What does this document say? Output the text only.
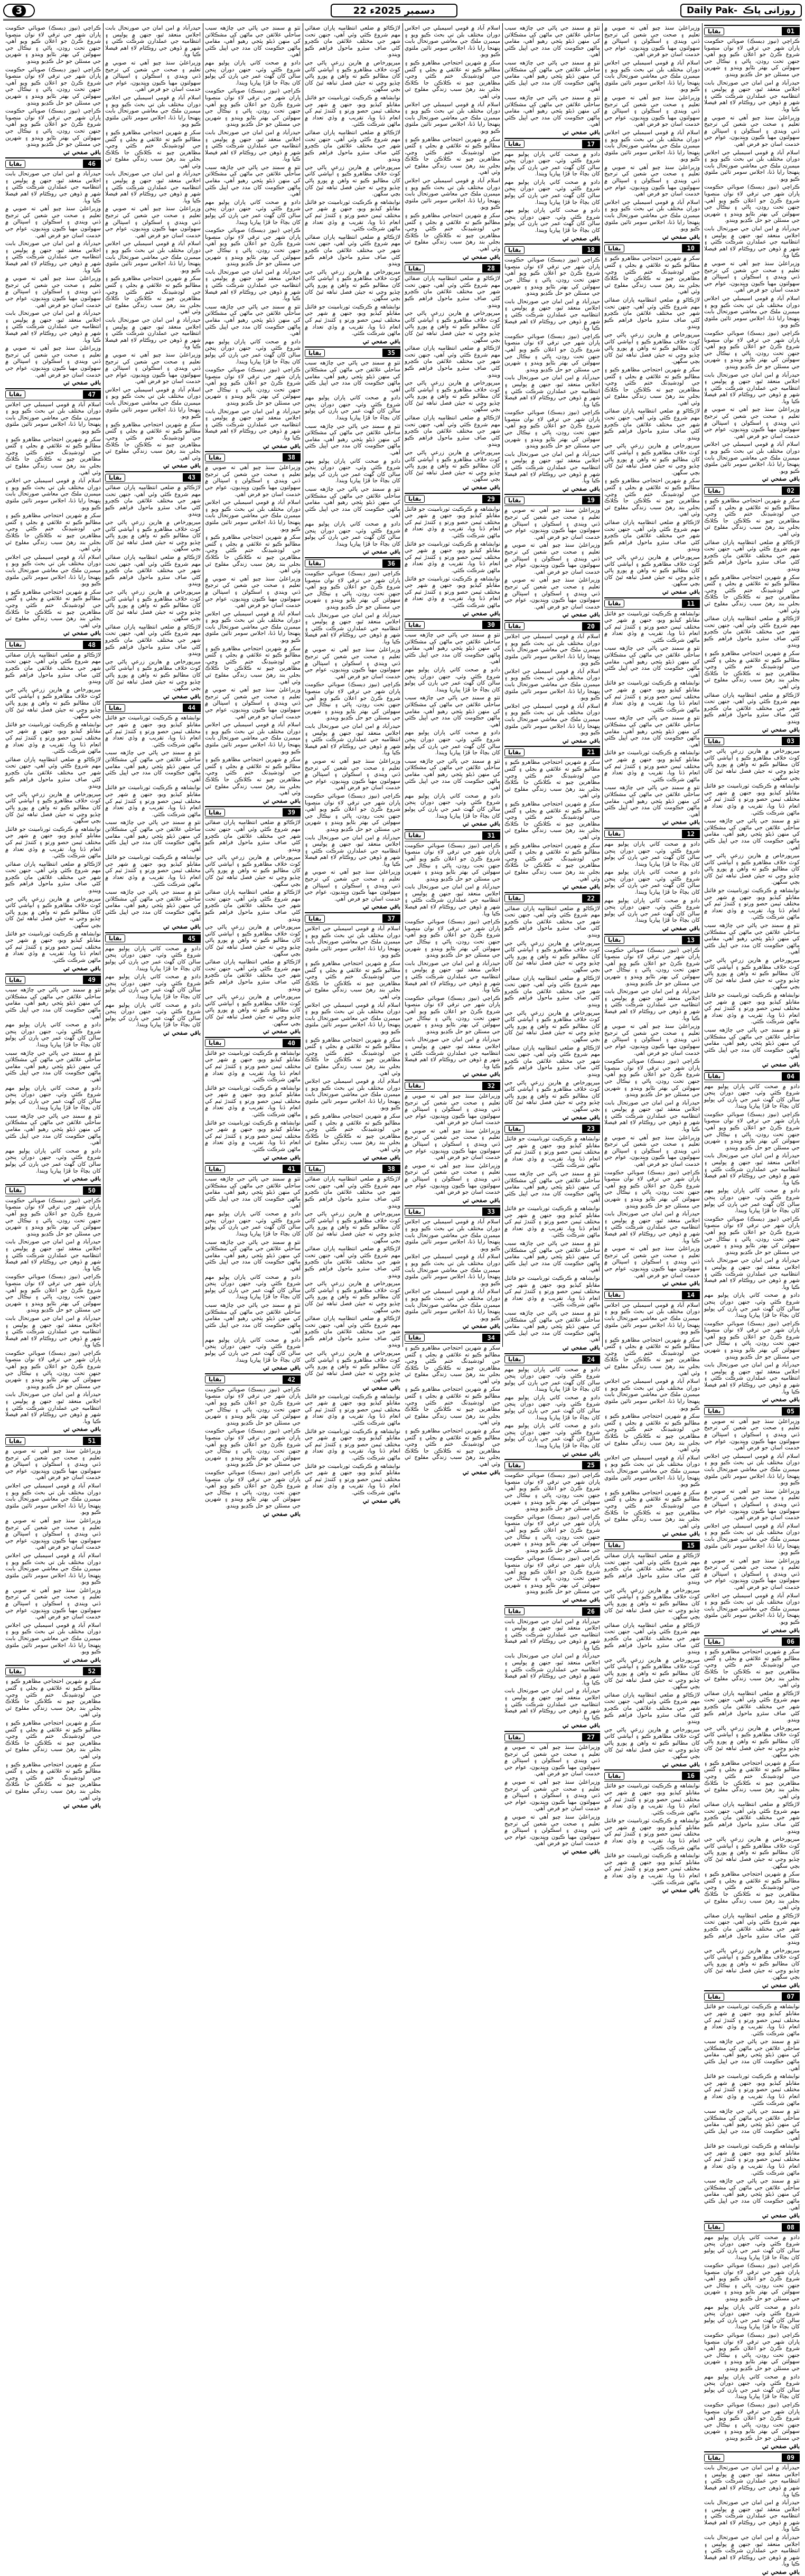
3	22 دسمبر 2025ء	Daily Pak- روزانی پاڪ
بقايا	01

ڪراچي (نيوز ڊيسڪ) صوبائي حڪومت پاران شهر جي ترقي لاءِ نوان منصوبا شروع ڪرڻ جو اعلان ڪيو ويو آهي، جنهن تحت روڊن، پاڻي ۽ نيڪال جي سهولتن کي بهتر بڻايو ويندو ۽ شهرين جي مسئلن جو حل ڪڍيو ويندو.

حيدرآباد ۾ امن امان جي صورتحال بابت اجلاس منعقد ٿيو، جنهن ۾ پوليس ۽ انتظاميه جي عملدارن شرڪت ڪئي ۽ شهر ۾ ڏوهن جي روڪٿام لاءِ اهم فيصلا ڪيا ويا.

وزيراعليٰ سنڌ چيو آهي ته صوبي ۾ تعليم ۽ صحت جي شعبن کي ترجيح ڏني ويندي ۽ اسڪولن ۽ اسپتالن ۾ سهولتون مهيا ڪيون وينديون، عوام جي خدمت اسان جو فرض آهي.

اسلام آباد ۾ قومي اسيمبلي جي اجلاس دوران مختلف بلن تي بحث ڪيو ويو ۽ ميمبرن ملڪ جي معاشي صورتحال بابت پنهنجا رايا ڏنا، اجلاس سومر تائين ملتوي ڪيو ويو.

ڪراچي (نيوز ڊيسڪ) صوبائي حڪومت پاران شهر جي ترقي لاءِ نوان منصوبا شروع ڪرڻ جو اعلان ڪيو ويو آهي، جنهن تحت روڊن، پاڻي ۽ نيڪال جي سهولتن کي بهتر بڻايو ويندو ۽ شهرين جي مسئلن جو حل ڪڍيو ويندو.

حيدرآباد ۾ امن امان جي صورتحال بابت اجلاس منعقد ٿيو، جنهن ۾ پوليس ۽ انتظاميه جي عملدارن شرڪت ڪئي ۽ شهر ۾ ڏوهن جي روڪٿام لاءِ اهم فيصلا ڪيا ويا.

وزيراعليٰ سنڌ چيو آهي ته صوبي ۾ تعليم ۽ صحت جي شعبن کي ترجيح ڏني ويندي ۽ اسڪولن ۽ اسپتالن ۾ سهولتون مهيا ڪيون وينديون، عوام جي خدمت اسان جو فرض آهي.

اسلام آباد ۾ قومي اسيمبلي جي اجلاس دوران مختلف بلن تي بحث ڪيو ويو ۽ ميمبرن ملڪ جي معاشي صورتحال بابت پنهنجا رايا ڏنا، اجلاس سومر تائين ملتوي ڪيو ويو.

ڪراچي (نيوز ڊيسڪ) صوبائي حڪومت پاران شهر جي ترقي لاءِ نوان منصوبا شروع ڪرڻ جو اعلان ڪيو ويو آهي، جنهن تحت روڊن، پاڻي ۽ نيڪال جي سهولتن کي بهتر بڻايو ويندو ۽ شهرين جي مسئلن جو حل ڪڍيو ويندو.

حيدرآباد ۾ امن امان جي صورتحال بابت اجلاس منعقد ٿيو، جنهن ۾ پوليس ۽ انتظاميه جي عملدارن شرڪت ڪئي ۽ شهر ۾ ڏوهن جي روڪٿام لاءِ اهم فيصلا ڪيا ويا.

وزيراعليٰ سنڌ چيو آهي ته صوبي ۾ تعليم ۽ صحت جي شعبن کي ترجيح ڏني ويندي ۽ اسڪولن ۽ اسپتالن ۾ سهولتون مهيا ڪيون وينديون، عوام جي خدمت اسان جو فرض آهي.

اسلام آباد ۾ قومي اسيمبلي جي اجلاس دوران مختلف بلن تي بحث ڪيو ويو ۽ ميمبرن ملڪ جي معاشي صورتحال بابت پنهنجا رايا ڏنا، اجلاس سومر تائين ملتوي ڪيو ويو.

باقي صفحي تي

بقايا	02

سکر ۾ شهرين احتجاجي مظاهرو ڪيو ۽ مطالبو ڪيو ته علائقي ۾ بجلي ۽ گئس جي لوڊشيڊنگ ختم ڪئي وڃي، مظاهرين چيو ته ڪلاڪن جا ڪلاڪ بجلي بند رهڻ سبب زندگي مفلوج ٿي وئي آهي.

لاڙڪاڻو ۾ ضلعي انتظاميه پاران صفائي مهم شروع ڪئي وئي آهي، جنهن تحت شهر جي مختلف علائقن مان ڪچرو کڻي صاف سٿرو ماحول فراهم ڪيو ويندو.

سکر ۾ شهرين احتجاجي مظاهرو ڪيو ۽ مطالبو ڪيو ته علائقي ۾ بجلي ۽ گئس جي لوڊشيڊنگ ختم ڪئي وڃي، مظاهرين چيو ته ڪلاڪن جا ڪلاڪ بجلي بند رهڻ سبب زندگي مفلوج ٿي وئي آهي.

لاڙڪاڻو ۾ ضلعي انتظاميه پاران صفائي مهم شروع ڪئي وئي آهي، جنهن تحت شهر جي مختلف علائقن مان ڪچرو کڻي صاف سٿرو ماحول فراهم ڪيو ويندو.

سکر ۾ شهرين احتجاجي مظاهرو ڪيو ۽ مطالبو ڪيو ته علائقي ۾ بجلي ۽ گئس جي لوڊشيڊنگ ختم ڪئي وڃي، مظاهرين چيو ته ڪلاڪن جا ڪلاڪ بجلي بند رهڻ سبب زندگي مفلوج ٿي وئي آهي.

لاڙڪاڻو ۾ ضلعي انتظاميه پاران صفائي مهم شروع ڪئي وئي آهي، جنهن تحت شهر جي مختلف علائقن مان ڪچرو کڻي صاف سٿرو ماحول فراهم ڪيو ويندو.

باقي صفحي تي

بقايا	03

ميرپورخاص ۾ هارين زرعي پاڻي جي کوٽ خلاف مظاهرو ڪيو ۽ آبپاشي کاتي کان مطالبو ڪيو ته واهن ۾ پورو پاڻي ڇڏيو وڃي ته جيئن فصل تباهه ٿيڻ کان بچي سگهن.

نوابشاهه ۾ ڪرڪيٽ ٽورنامينٽ جو فائنل مقابلو کيڏيو ويو، جنهن ۾ شهر جي مختلف ٽيمن حصو ورتو ۽ کٽندڙ ٽيم کي انعام ڏنا ويا، تقريب ۾ وڏي تعداد ۾ ماڻهن شرڪت ڪئي.

ٺٽو ۾ سمنڊ جي پاڻي جي چاڙهه سبب ساحلي علائقن جي ماڻهن کي مشڪلاتن کي منهن ڏيڻو پئجي رهيو آهي، مقامي ماڻهن حڪومت کان مدد جي اپيل ڪئي آهي.

ميرپورخاص ۾ هارين زرعي پاڻي جي کوٽ خلاف مظاهرو ڪيو ۽ آبپاشي کاتي کان مطالبو ڪيو ته واهن ۾ پورو پاڻي ڇڏيو وڃي ته جيئن فصل تباهه ٿيڻ کان بچي سگهن.

نوابشاهه ۾ ڪرڪيٽ ٽورنامينٽ جو فائنل مقابلو کيڏيو ويو، جنهن ۾ شهر جي مختلف ٽيمن حصو ورتو ۽ کٽندڙ ٽيم کي انعام ڏنا ويا، تقريب ۾ وڏي تعداد ۾ ماڻهن شرڪت ڪئي.

ٺٽو ۾ سمنڊ جي پاڻي جي چاڙهه سبب ساحلي علائقن جي ماڻهن کي مشڪلاتن کي منهن ڏيڻو پئجي رهيو آهي، مقامي ماڻهن حڪومت کان مدد جي اپيل ڪئي آهي.

ميرپورخاص ۾ هارين زرعي پاڻي جي کوٽ خلاف مظاهرو ڪيو ۽ آبپاشي کاتي کان مطالبو ڪيو ته واهن ۾ پورو پاڻي ڇڏيو وڃي ته جيئن فصل تباهه ٿيڻ کان بچي سگهن.

نوابشاهه ۾ ڪرڪيٽ ٽورنامينٽ جو فائنل مقابلو کيڏيو ويو، جنهن ۾ شهر جي مختلف ٽيمن حصو ورتو ۽ کٽندڙ ٽيم کي انعام ڏنا ويا، تقريب ۾ وڏي تعداد ۾ ماڻهن شرڪت ڪئي.

ٺٽو ۾ سمنڊ جي پاڻي جي چاڙهه سبب ساحلي علائقن جي ماڻهن کي مشڪلاتن کي منهن ڏيڻو پئجي رهيو آهي، مقامي ماڻهن حڪومت کان مدد جي اپيل ڪئي آهي.

باقي صفحي تي

بقايا	04

دادو ۾ صحت کاتي پاران پوليو مهم شروع ڪئي وئي، جنهن دوران پنجن سالن کان گهٽ عمر جي ٻارن کي پوليو کان بچاءُ جا ڦڙا پياريا ويندا.

ڪراچي (نيوز ڊيسڪ) صوبائي حڪومت پاران شهر جي ترقي لاءِ نوان منصوبا شروع ڪرڻ جو اعلان ڪيو ويو آهي، جنهن تحت روڊن، پاڻي ۽ نيڪال جي سهولتن کي بهتر بڻايو ويندو ۽ شهرين جي مسئلن جو حل ڪڍيو ويندو.

حيدرآباد ۾ امن امان جي صورتحال بابت اجلاس منعقد ٿيو، جنهن ۾ پوليس ۽ انتظاميه جي عملدارن شرڪت ڪئي ۽ شهر ۾ ڏوهن جي روڪٿام لاءِ اهم فيصلا ڪيا ويا.

دادو ۾ صحت کاتي پاران پوليو مهم شروع ڪئي وئي، جنهن دوران پنجن سالن کان گهٽ عمر جي ٻارن کي پوليو کان بچاءُ جا ڦڙا پياريا ويندا.

ڪراچي (نيوز ڊيسڪ) صوبائي حڪومت پاران شهر جي ترقي لاءِ نوان منصوبا شروع ڪرڻ جو اعلان ڪيو ويو آهي، جنهن تحت روڊن، پاڻي ۽ نيڪال جي سهولتن کي بهتر بڻايو ويندو ۽ شهرين جي مسئلن جو حل ڪڍيو ويندو.

حيدرآباد ۾ امن امان جي صورتحال بابت اجلاس منعقد ٿيو، جنهن ۾ پوليس ۽ انتظاميه جي عملدارن شرڪت ڪئي ۽ شهر ۾ ڏوهن جي روڪٿام لاءِ اهم فيصلا ڪيا ويا.

دادو ۾ صحت کاتي پاران پوليو مهم شروع ڪئي وئي، جنهن دوران پنجن سالن کان گهٽ عمر جي ٻارن کي پوليو کان بچاءُ جا ڦڙا پياريا ويندا.

ڪراچي (نيوز ڊيسڪ) صوبائي حڪومت پاران شهر جي ترقي لاءِ نوان منصوبا شروع ڪرڻ جو اعلان ڪيو ويو آهي، جنهن تحت روڊن، پاڻي ۽ نيڪال جي سهولتن کي بهتر بڻايو ويندو ۽ شهرين جي مسئلن جو حل ڪڍيو ويندو.

حيدرآباد ۾ امن امان جي صورتحال بابت اجلاس منعقد ٿيو، جنهن ۾ پوليس ۽ انتظاميه جي عملدارن شرڪت ڪئي ۽ شهر ۾ ڏوهن جي روڪٿام لاءِ اهم فيصلا ڪيا ويا.

باقي صفحي تي

بقايا	05

وزيراعليٰ سنڌ چيو آهي ته صوبي ۾ تعليم ۽ صحت جي شعبن کي ترجيح ڏني ويندي ۽ اسڪولن ۽ اسپتالن ۾ سهولتون مهيا ڪيون وينديون، عوام جي خدمت اسان جو فرض آهي.

اسلام آباد ۾ قومي اسيمبلي جي اجلاس دوران مختلف بلن تي بحث ڪيو ويو ۽ ميمبرن ملڪ جي معاشي صورتحال بابت پنهنجا رايا ڏنا، اجلاس سومر تائين ملتوي ڪيو ويو.

وزيراعليٰ سنڌ چيو آهي ته صوبي ۾ تعليم ۽ صحت جي شعبن کي ترجيح ڏني ويندي ۽ اسڪولن ۽ اسپتالن ۾ سهولتون مهيا ڪيون وينديون، عوام جي خدمت اسان جو فرض آهي.

اسلام آباد ۾ قومي اسيمبلي جي اجلاس دوران مختلف بلن تي بحث ڪيو ويو ۽ ميمبرن ملڪ جي معاشي صورتحال بابت پنهنجا رايا ڏنا، اجلاس سومر تائين ملتوي ڪيو ويو.

وزيراعليٰ سنڌ چيو آهي ته صوبي ۾ تعليم ۽ صحت جي شعبن کي ترجيح ڏني ويندي ۽ اسڪولن ۽ اسپتالن ۾ سهولتون مهيا ڪيون وينديون، عوام جي خدمت اسان جو فرض آهي.

اسلام آباد ۾ قومي اسيمبلي جي اجلاس دوران مختلف بلن تي بحث ڪيو ويو ۽ ميمبرن ملڪ جي معاشي صورتحال بابت پنهنجا رايا ڏنا، اجلاس سومر تائين ملتوي ڪيو ويو.

باقي صفحي تي

بقايا	06

سکر ۾ شهرين احتجاجي مظاهرو ڪيو ۽ مطالبو ڪيو ته علائقي ۾ بجلي ۽ گئس جي لوڊشيڊنگ ختم ڪئي وڃي، مظاهرين چيو ته ڪلاڪن جا ڪلاڪ بجلي بند رهڻ سبب زندگي مفلوج ٿي وئي آهي.

لاڙڪاڻو ۾ ضلعي انتظاميه پاران صفائي مهم شروع ڪئي وئي آهي، جنهن تحت شهر جي مختلف علائقن مان ڪچرو کڻي صاف سٿرو ماحول فراهم ڪيو ويندو.

ميرپورخاص ۾ هارين زرعي پاڻي جي کوٽ خلاف مظاهرو ڪيو ۽ آبپاشي کاتي کان مطالبو ڪيو ته واهن ۾ پورو پاڻي ڇڏيو وڃي ته جيئن فصل تباهه ٿيڻ کان بچي سگهن.

سکر ۾ شهرين احتجاجي مظاهرو ڪيو ۽ مطالبو ڪيو ته علائقي ۾ بجلي ۽ گئس جي لوڊشيڊنگ ختم ڪئي وڃي، مظاهرين چيو ته ڪلاڪن جا ڪلاڪ بجلي بند رهڻ سبب زندگي مفلوج ٿي وئي آهي.

لاڙڪاڻو ۾ ضلعي انتظاميه پاران صفائي مهم شروع ڪئي وئي آهي، جنهن تحت شهر جي مختلف علائقن مان ڪچرو کڻي صاف سٿرو ماحول فراهم ڪيو ويندو.

ميرپورخاص ۾ هارين زرعي پاڻي جي کوٽ خلاف مظاهرو ڪيو ۽ آبپاشي کاتي کان مطالبو ڪيو ته واهن ۾ پورو پاڻي ڇڏيو وڃي ته جيئن فصل تباهه ٿيڻ کان بچي سگهن.

سکر ۾ شهرين احتجاجي مظاهرو ڪيو ۽ مطالبو ڪيو ته علائقي ۾ بجلي ۽ گئس جي لوڊشيڊنگ ختم ڪئي وڃي، مظاهرين چيو ته ڪلاڪن جا ڪلاڪ بجلي بند رهڻ سبب زندگي مفلوج ٿي وئي آهي.

لاڙڪاڻو ۾ ضلعي انتظاميه پاران صفائي مهم شروع ڪئي وئي آهي، جنهن تحت شهر جي مختلف علائقن مان ڪچرو کڻي صاف سٿرو ماحول فراهم ڪيو ويندو.

ميرپورخاص ۾ هارين زرعي پاڻي جي کوٽ خلاف مظاهرو ڪيو ۽ آبپاشي کاتي کان مطالبو ڪيو ته واهن ۾ پورو پاڻي ڇڏيو وڃي ته جيئن فصل تباهه ٿيڻ کان بچي سگهن.

باقي صفحي تي

بقايا	07

نوابشاهه ۾ ڪرڪيٽ ٽورنامينٽ جو فائنل مقابلو کيڏيو ويو، جنهن ۾ شهر جي مختلف ٽيمن حصو ورتو ۽ کٽندڙ ٽيم کي انعام ڏنا ويا، تقريب ۾ وڏي تعداد ۾ ماڻهن شرڪت ڪئي.

ٺٽو ۾ سمنڊ جي پاڻي جي چاڙهه سبب ساحلي علائقن جي ماڻهن کي مشڪلاتن کي منهن ڏيڻو پئجي رهيو آهي، مقامي ماڻهن حڪومت کان مدد جي اپيل ڪئي آهي.

نوابشاهه ۾ ڪرڪيٽ ٽورنامينٽ جو فائنل مقابلو کيڏيو ويو، جنهن ۾ شهر جي مختلف ٽيمن حصو ورتو ۽ کٽندڙ ٽيم کي انعام ڏنا ويا، تقريب ۾ وڏي تعداد ۾ ماڻهن شرڪت ڪئي.

ٺٽو ۾ سمنڊ جي پاڻي جي چاڙهه سبب ساحلي علائقن جي ماڻهن کي مشڪلاتن کي منهن ڏيڻو پئجي رهيو آهي، مقامي ماڻهن حڪومت کان مدد جي اپيل ڪئي آهي.

نوابشاهه ۾ ڪرڪيٽ ٽورنامينٽ جو فائنل مقابلو کيڏيو ويو، جنهن ۾ شهر جي مختلف ٽيمن حصو ورتو ۽ کٽندڙ ٽيم کي انعام ڏنا ويا، تقريب ۾ وڏي تعداد ۾ ماڻهن شرڪت ڪئي.

ٺٽو ۾ سمنڊ جي پاڻي جي چاڙهه سبب ساحلي علائقن جي ماڻهن کي مشڪلاتن کي منهن ڏيڻو پئجي رهيو آهي، مقامي ماڻهن حڪومت کان مدد جي اپيل ڪئي آهي.

باقي صفحي تي

بقايا	08

دادو ۾ صحت کاتي پاران پوليو مهم شروع ڪئي وئي، جنهن دوران پنجن سالن کان گهٽ عمر جي ٻارن کي پوليو کان بچاءُ جا ڦڙا پياريا ويندا.

ڪراچي (نيوز ڊيسڪ) صوبائي حڪومت پاران شهر جي ترقي لاءِ نوان منصوبا شروع ڪرڻ جو اعلان ڪيو ويو آهي، جنهن تحت روڊن، پاڻي ۽ نيڪال جي سهولتن کي بهتر بڻايو ويندو ۽ شهرين جي مسئلن جو حل ڪڍيو ويندو.

دادو ۾ صحت کاتي پاران پوليو مهم شروع ڪئي وئي، جنهن دوران پنجن سالن کان گهٽ عمر جي ٻارن کي پوليو کان بچاءُ جا ڦڙا پياريا ويندا.

ڪراچي (نيوز ڊيسڪ) صوبائي حڪومت پاران شهر جي ترقي لاءِ نوان منصوبا شروع ڪرڻ جو اعلان ڪيو ويو آهي، جنهن تحت روڊن، پاڻي ۽ نيڪال جي سهولتن کي بهتر بڻايو ويندو ۽ شهرين جي مسئلن جو حل ڪڍيو ويندو.

دادو ۾ صحت کاتي پاران پوليو مهم شروع ڪئي وئي، جنهن دوران پنجن سالن کان گهٽ عمر جي ٻارن کي پوليو کان بچاءُ جا ڦڙا پياريا ويندا.

ڪراچي (نيوز ڊيسڪ) صوبائي حڪومت پاران شهر جي ترقي لاءِ نوان منصوبا شروع ڪرڻ جو اعلان ڪيو ويو آهي، جنهن تحت روڊن، پاڻي ۽ نيڪال جي سهولتن کي بهتر بڻايو ويندو ۽ شهرين جي مسئلن جو حل ڪڍيو ويندو.

باقي صفحي تي

بقايا	09

حيدرآباد ۾ امن امان جي صورتحال بابت اجلاس منعقد ٿيو، جنهن ۾ پوليس ۽ انتظاميه جي عملدارن شرڪت ڪئي ۽ شهر ۾ ڏوهن جي روڪٿام لاءِ اهم فيصلا ڪيا ويا.

حيدرآباد ۾ امن امان جي صورتحال بابت اجلاس منعقد ٿيو، جنهن ۾ پوليس ۽ انتظاميه جي عملدارن شرڪت ڪئي ۽ شهر ۾ ڏوهن جي روڪٿام لاءِ اهم فيصلا ڪيا ويا.

حيدرآباد ۾ امن امان جي صورتحال بابت اجلاس منعقد ٿيو، جنهن ۾ پوليس ۽ انتظاميه جي عملدارن شرڪت ڪئي ۽ شهر ۾ ڏوهن جي روڪٿام لاءِ اهم فيصلا ڪيا ويا.

باقي صفحي تي

وزيراعليٰ سنڌ چيو آهي ته صوبي ۾ تعليم ۽ صحت جي شعبن کي ترجيح ڏني ويندي ۽ اسڪولن ۽ اسپتالن ۾ سهولتون مهيا ڪيون وينديون، عوام جي خدمت اسان جو فرض آهي.

اسلام آباد ۾ قومي اسيمبلي جي اجلاس دوران مختلف بلن تي بحث ڪيو ويو ۽ ميمبرن ملڪ جي معاشي صورتحال بابت پنهنجا رايا ڏنا، اجلاس سومر تائين ملتوي ڪيو ويو.

وزيراعليٰ سنڌ چيو آهي ته صوبي ۾ تعليم ۽ صحت جي شعبن کي ترجيح ڏني ويندي ۽ اسڪولن ۽ اسپتالن ۾ سهولتون مهيا ڪيون وينديون، عوام جي خدمت اسان جو فرض آهي.

اسلام آباد ۾ قومي اسيمبلي جي اجلاس دوران مختلف بلن تي بحث ڪيو ويو ۽ ميمبرن ملڪ جي معاشي صورتحال بابت پنهنجا رايا ڏنا، اجلاس سومر تائين ملتوي ڪيو ويو.

وزيراعليٰ سنڌ چيو آهي ته صوبي ۾ تعليم ۽ صحت جي شعبن کي ترجيح ڏني ويندي ۽ اسڪولن ۽ اسپتالن ۾ سهولتون مهيا ڪيون وينديون، عوام جي خدمت اسان جو فرض آهي.

اسلام آباد ۾ قومي اسيمبلي جي اجلاس دوران مختلف بلن تي بحث ڪيو ويو ۽ ميمبرن ملڪ جي معاشي صورتحال بابت پنهنجا رايا ڏنا، اجلاس سومر تائين ملتوي ڪيو ويو.

باقي صفحي تي

بقايا	10

سکر ۾ شهرين احتجاجي مظاهرو ڪيو ۽ مطالبو ڪيو ته علائقي ۾ بجلي ۽ گئس جي لوڊشيڊنگ ختم ڪئي وڃي، مظاهرين چيو ته ڪلاڪن جا ڪلاڪ بجلي بند رهڻ سبب زندگي مفلوج ٿي وئي آهي.

لاڙڪاڻو ۾ ضلعي انتظاميه پاران صفائي مهم شروع ڪئي وئي آهي، جنهن تحت شهر جي مختلف علائقن مان ڪچرو کڻي صاف سٿرو ماحول فراهم ڪيو ويندو.

ميرپورخاص ۾ هارين زرعي پاڻي جي کوٽ خلاف مظاهرو ڪيو ۽ آبپاشي کاتي کان مطالبو ڪيو ته واهن ۾ پورو پاڻي ڇڏيو وڃي ته جيئن فصل تباهه ٿيڻ کان بچي سگهن.

سکر ۾ شهرين احتجاجي مظاهرو ڪيو ۽ مطالبو ڪيو ته علائقي ۾ بجلي ۽ گئس جي لوڊشيڊنگ ختم ڪئي وڃي، مظاهرين چيو ته ڪلاڪن جا ڪلاڪ بجلي بند رهڻ سبب زندگي مفلوج ٿي وئي آهي.

لاڙڪاڻو ۾ ضلعي انتظاميه پاران صفائي مهم شروع ڪئي وئي آهي، جنهن تحت شهر جي مختلف علائقن مان ڪچرو کڻي صاف سٿرو ماحول فراهم ڪيو ويندو.

ميرپورخاص ۾ هارين زرعي پاڻي جي کوٽ خلاف مظاهرو ڪيو ۽ آبپاشي کاتي کان مطالبو ڪيو ته واهن ۾ پورو پاڻي ڇڏيو وڃي ته جيئن فصل تباهه ٿيڻ کان بچي سگهن.

سکر ۾ شهرين احتجاجي مظاهرو ڪيو ۽ مطالبو ڪيو ته علائقي ۾ بجلي ۽ گئس جي لوڊشيڊنگ ختم ڪئي وڃي، مظاهرين چيو ته ڪلاڪن جا ڪلاڪ بجلي بند رهڻ سبب زندگي مفلوج ٿي وئي آهي.

لاڙڪاڻو ۾ ضلعي انتظاميه پاران صفائي مهم شروع ڪئي وئي آهي، جنهن تحت شهر جي مختلف علائقن مان ڪچرو کڻي صاف سٿرو ماحول فراهم ڪيو ويندو.

ميرپورخاص ۾ هارين زرعي پاڻي جي کوٽ خلاف مظاهرو ڪيو ۽ آبپاشي کاتي کان مطالبو ڪيو ته واهن ۾ پورو پاڻي ڇڏيو وڃي ته جيئن فصل تباهه ٿيڻ کان بچي سگهن.

باقي صفحي تي

بقايا	11

نوابشاهه ۾ ڪرڪيٽ ٽورنامينٽ جو فائنل مقابلو کيڏيو ويو، جنهن ۾ شهر جي مختلف ٽيمن حصو ورتو ۽ کٽندڙ ٽيم کي انعام ڏنا ويا، تقريب ۾ وڏي تعداد ۾ ماڻهن شرڪت ڪئي.

ٺٽو ۾ سمنڊ جي پاڻي جي چاڙهه سبب ساحلي علائقن جي ماڻهن کي مشڪلاتن کي منهن ڏيڻو پئجي رهيو آهي، مقامي ماڻهن حڪومت کان مدد جي اپيل ڪئي آهي.

نوابشاهه ۾ ڪرڪيٽ ٽورنامينٽ جو فائنل مقابلو کيڏيو ويو، جنهن ۾ شهر جي مختلف ٽيمن حصو ورتو ۽ کٽندڙ ٽيم کي انعام ڏنا ويا، تقريب ۾ وڏي تعداد ۾ ماڻهن شرڪت ڪئي.

ٺٽو ۾ سمنڊ جي پاڻي جي چاڙهه سبب ساحلي علائقن جي ماڻهن کي مشڪلاتن کي منهن ڏيڻو پئجي رهيو آهي، مقامي ماڻهن حڪومت کان مدد جي اپيل ڪئي آهي.

نوابشاهه ۾ ڪرڪيٽ ٽورنامينٽ جو فائنل مقابلو کيڏيو ويو، جنهن ۾ شهر جي مختلف ٽيمن حصو ورتو ۽ کٽندڙ ٽيم کي انعام ڏنا ويا، تقريب ۾ وڏي تعداد ۾ ماڻهن شرڪت ڪئي.

ٺٽو ۾ سمنڊ جي پاڻي جي چاڙهه سبب ساحلي علائقن جي ماڻهن کي مشڪلاتن کي منهن ڏيڻو پئجي رهيو آهي، مقامي ماڻهن حڪومت کان مدد جي اپيل ڪئي آهي.

باقي صفحي تي

بقايا	12

دادو ۾ صحت کاتي پاران پوليو مهم شروع ڪئي وئي، جنهن دوران پنجن سالن کان گهٽ عمر جي ٻارن کي پوليو کان بچاءُ جا ڦڙا پياريا ويندا.

دادو ۾ صحت کاتي پاران پوليو مهم شروع ڪئي وئي، جنهن دوران پنجن سالن کان گهٽ عمر جي ٻارن کي پوليو کان بچاءُ جا ڦڙا پياريا ويندا.

دادو ۾ صحت کاتي پاران پوليو مهم شروع ڪئي وئي، جنهن دوران پنجن سالن کان گهٽ عمر جي ٻارن کي پوليو کان بچاءُ جا ڦڙا پياريا ويندا.

باقي صفحي تي

بقايا	13

ڪراچي (نيوز ڊيسڪ) صوبائي حڪومت پاران شهر جي ترقي لاءِ نوان منصوبا شروع ڪرڻ جو اعلان ڪيو ويو آهي، جنهن تحت روڊن، پاڻي ۽ نيڪال جي سهولتن کي بهتر بڻايو ويندو ۽ شهرين جي مسئلن جو حل ڪڍيو ويندو.

حيدرآباد ۾ امن امان جي صورتحال بابت اجلاس منعقد ٿيو، جنهن ۾ پوليس ۽ انتظاميه جي عملدارن شرڪت ڪئي ۽ شهر ۾ ڏوهن جي روڪٿام لاءِ اهم فيصلا ڪيا ويا.

وزيراعليٰ سنڌ چيو آهي ته صوبي ۾ تعليم ۽ صحت جي شعبن کي ترجيح ڏني ويندي ۽ اسڪولن ۽ اسپتالن ۾ سهولتون مهيا ڪيون وينديون، عوام جي خدمت اسان جو فرض آهي.

ڪراچي (نيوز ڊيسڪ) صوبائي حڪومت پاران شهر جي ترقي لاءِ نوان منصوبا شروع ڪرڻ جو اعلان ڪيو ويو آهي، جنهن تحت روڊن، پاڻي ۽ نيڪال جي سهولتن کي بهتر بڻايو ويندو ۽ شهرين جي مسئلن جو حل ڪڍيو ويندو.

حيدرآباد ۾ امن امان جي صورتحال بابت اجلاس منعقد ٿيو، جنهن ۾ پوليس ۽ انتظاميه جي عملدارن شرڪت ڪئي ۽ شهر ۾ ڏوهن جي روڪٿام لاءِ اهم فيصلا ڪيا ويا.

وزيراعليٰ سنڌ چيو آهي ته صوبي ۾ تعليم ۽ صحت جي شعبن کي ترجيح ڏني ويندي ۽ اسڪولن ۽ اسپتالن ۾ سهولتون مهيا ڪيون وينديون، عوام جي خدمت اسان جو فرض آهي.

ڪراچي (نيوز ڊيسڪ) صوبائي حڪومت پاران شهر جي ترقي لاءِ نوان منصوبا شروع ڪرڻ جو اعلان ڪيو ويو آهي، جنهن تحت روڊن، پاڻي ۽ نيڪال جي سهولتن کي بهتر بڻايو ويندو ۽ شهرين جي مسئلن جو حل ڪڍيو ويندو.

حيدرآباد ۾ امن امان جي صورتحال بابت اجلاس منعقد ٿيو، جنهن ۾ پوليس ۽ انتظاميه جي عملدارن شرڪت ڪئي ۽ شهر ۾ ڏوهن جي روڪٿام لاءِ اهم فيصلا ڪيا ويا.

وزيراعليٰ سنڌ چيو آهي ته صوبي ۾ تعليم ۽ صحت جي شعبن کي ترجيح ڏني ويندي ۽ اسڪولن ۽ اسپتالن ۾ سهولتون مهيا ڪيون وينديون، عوام جي خدمت اسان جو فرض آهي.

باقي صفحي تي

بقايا	14

اسلام آباد ۾ قومي اسيمبلي جي اجلاس دوران مختلف بلن تي بحث ڪيو ويو ۽ ميمبرن ملڪ جي معاشي صورتحال بابت پنهنجا رايا ڏنا، اجلاس سومر تائين ملتوي ڪيو ويو.

سکر ۾ شهرين احتجاجي مظاهرو ڪيو ۽ مطالبو ڪيو ته علائقي ۾ بجلي ۽ گئس جي لوڊشيڊنگ ختم ڪئي وڃي، مظاهرين چيو ته ڪلاڪن جا ڪلاڪ بجلي بند رهڻ سبب زندگي مفلوج ٿي وئي آهي.

اسلام آباد ۾ قومي اسيمبلي جي اجلاس دوران مختلف بلن تي بحث ڪيو ويو ۽ ميمبرن ملڪ جي معاشي صورتحال بابت پنهنجا رايا ڏنا، اجلاس سومر تائين ملتوي ڪيو ويو.

سکر ۾ شهرين احتجاجي مظاهرو ڪيو ۽ مطالبو ڪيو ته علائقي ۾ بجلي ۽ گئس جي لوڊشيڊنگ ختم ڪئي وڃي، مظاهرين چيو ته ڪلاڪن جا ڪلاڪ بجلي بند رهڻ سبب زندگي مفلوج ٿي وئي آهي.

اسلام آباد ۾ قومي اسيمبلي جي اجلاس دوران مختلف بلن تي بحث ڪيو ويو ۽ ميمبرن ملڪ جي معاشي صورتحال بابت پنهنجا رايا ڏنا، اجلاس سومر تائين ملتوي ڪيو ويو.

سکر ۾ شهرين احتجاجي مظاهرو ڪيو ۽ مطالبو ڪيو ته علائقي ۾ بجلي ۽ گئس جي لوڊشيڊنگ ختم ڪئي وڃي، مظاهرين چيو ته ڪلاڪن جا ڪلاڪ بجلي بند رهڻ سبب زندگي مفلوج ٿي وئي آهي.

باقي صفحي تي

بقايا	15

لاڙڪاڻو ۾ ضلعي انتظاميه پاران صفائي مهم شروع ڪئي وئي آهي، جنهن تحت شهر جي مختلف علائقن مان ڪچرو کڻي صاف سٿرو ماحول فراهم ڪيو ويندو.

ميرپورخاص ۾ هارين زرعي پاڻي جي کوٽ خلاف مظاهرو ڪيو ۽ آبپاشي کاتي کان مطالبو ڪيو ته واهن ۾ پورو پاڻي ڇڏيو وڃي ته جيئن فصل تباهه ٿيڻ کان بچي سگهن.

لاڙڪاڻو ۾ ضلعي انتظاميه پاران صفائي مهم شروع ڪئي وئي آهي، جنهن تحت شهر جي مختلف علائقن مان ڪچرو کڻي صاف سٿرو ماحول فراهم ڪيو ويندو.

ميرپورخاص ۾ هارين زرعي پاڻي جي کوٽ خلاف مظاهرو ڪيو ۽ آبپاشي کاتي کان مطالبو ڪيو ته واهن ۾ پورو پاڻي ڇڏيو وڃي ته جيئن فصل تباهه ٿيڻ کان بچي سگهن.

لاڙڪاڻو ۾ ضلعي انتظاميه پاران صفائي مهم شروع ڪئي وئي آهي، جنهن تحت شهر جي مختلف علائقن مان ڪچرو کڻي صاف سٿرو ماحول فراهم ڪيو ويندو.

ميرپورخاص ۾ هارين زرعي پاڻي جي کوٽ خلاف مظاهرو ڪيو ۽ آبپاشي کاتي کان مطالبو ڪيو ته واهن ۾ پورو پاڻي ڇڏيو وڃي ته جيئن فصل تباهه ٿيڻ کان بچي سگهن.

باقي صفحي تي

بقايا	16

نوابشاهه ۾ ڪرڪيٽ ٽورنامينٽ جو فائنل مقابلو کيڏيو ويو، جنهن ۾ شهر جي مختلف ٽيمن حصو ورتو ۽ کٽندڙ ٽيم کي انعام ڏنا ويا، تقريب ۾ وڏي تعداد ۾ ماڻهن شرڪت ڪئي.

نوابشاهه ۾ ڪرڪيٽ ٽورنامينٽ جو فائنل مقابلو کيڏيو ويو، جنهن ۾ شهر جي مختلف ٽيمن حصو ورتو ۽ کٽندڙ ٽيم کي انعام ڏنا ويا، تقريب ۾ وڏي تعداد ۾ ماڻهن شرڪت ڪئي.

نوابشاهه ۾ ڪرڪيٽ ٽورنامينٽ جو فائنل مقابلو کيڏيو ويو، جنهن ۾ شهر جي مختلف ٽيمن حصو ورتو ۽ کٽندڙ ٽيم کي انعام ڏنا ويا، تقريب ۾ وڏي تعداد ۾ ماڻهن شرڪت ڪئي.

باقي صفحي تي

ٺٽو ۾ سمنڊ جي پاڻي جي چاڙهه سبب ساحلي علائقن جي ماڻهن کي مشڪلاتن کي منهن ڏيڻو پئجي رهيو آهي، مقامي ماڻهن حڪومت کان مدد جي اپيل ڪئي آهي.

ٺٽو ۾ سمنڊ جي پاڻي جي چاڙهه سبب ساحلي علائقن جي ماڻهن کي مشڪلاتن کي منهن ڏيڻو پئجي رهيو آهي، مقامي ماڻهن حڪومت کان مدد جي اپيل ڪئي آهي.

ٺٽو ۾ سمنڊ جي پاڻي جي چاڙهه سبب ساحلي علائقن جي ماڻهن کي مشڪلاتن کي منهن ڏيڻو پئجي رهيو آهي، مقامي ماڻهن حڪومت کان مدد جي اپيل ڪئي آهي.

باقي صفحي تي

بقايا	17

دادو ۾ صحت کاتي پاران پوليو مهم شروع ڪئي وئي، جنهن دوران پنجن سالن کان گهٽ عمر جي ٻارن کي پوليو کان بچاءُ جا ڦڙا پياريا ويندا.

دادو ۾ صحت کاتي پاران پوليو مهم شروع ڪئي وئي، جنهن دوران پنجن سالن کان گهٽ عمر جي ٻارن کي پوليو کان بچاءُ جا ڦڙا پياريا ويندا.

دادو ۾ صحت کاتي پاران پوليو مهم شروع ڪئي وئي، جنهن دوران پنجن سالن کان گهٽ عمر جي ٻارن کي پوليو کان بچاءُ جا ڦڙا پياريا ويندا.

باقي صفحي تي

بقايا	18

ڪراچي (نيوز ڊيسڪ) صوبائي حڪومت پاران شهر جي ترقي لاءِ نوان منصوبا شروع ڪرڻ جو اعلان ڪيو ويو آهي، جنهن تحت روڊن، پاڻي ۽ نيڪال جي سهولتن کي بهتر بڻايو ويندو ۽ شهرين جي مسئلن جو حل ڪڍيو ويندو.

حيدرآباد ۾ امن امان جي صورتحال بابت اجلاس منعقد ٿيو، جنهن ۾ پوليس ۽ انتظاميه جي عملدارن شرڪت ڪئي ۽ شهر ۾ ڏوهن جي روڪٿام لاءِ اهم فيصلا ڪيا ويا.

ڪراچي (نيوز ڊيسڪ) صوبائي حڪومت پاران شهر جي ترقي لاءِ نوان منصوبا شروع ڪرڻ جو اعلان ڪيو ويو آهي، جنهن تحت روڊن، پاڻي ۽ نيڪال جي سهولتن کي بهتر بڻايو ويندو ۽ شهرين جي مسئلن جو حل ڪڍيو ويندو.

حيدرآباد ۾ امن امان جي صورتحال بابت اجلاس منعقد ٿيو، جنهن ۾ پوليس ۽ انتظاميه جي عملدارن شرڪت ڪئي ۽ شهر ۾ ڏوهن جي روڪٿام لاءِ اهم فيصلا ڪيا ويا.

ڪراچي (نيوز ڊيسڪ) صوبائي حڪومت پاران شهر جي ترقي لاءِ نوان منصوبا شروع ڪرڻ جو اعلان ڪيو ويو آهي، جنهن تحت روڊن، پاڻي ۽ نيڪال جي سهولتن کي بهتر بڻايو ويندو ۽ شهرين جي مسئلن جو حل ڪڍيو ويندو.

حيدرآباد ۾ امن امان جي صورتحال بابت اجلاس منعقد ٿيو، جنهن ۾ پوليس ۽ انتظاميه جي عملدارن شرڪت ڪئي ۽ شهر ۾ ڏوهن جي روڪٿام لاءِ اهم فيصلا ڪيا ويا.

باقي صفحي تي

بقايا	19

وزيراعليٰ سنڌ چيو آهي ته صوبي ۾ تعليم ۽ صحت جي شعبن کي ترجيح ڏني ويندي ۽ اسڪولن ۽ اسپتالن ۾ سهولتون مهيا ڪيون وينديون، عوام جي خدمت اسان جو فرض آهي.

وزيراعليٰ سنڌ چيو آهي ته صوبي ۾ تعليم ۽ صحت جي شعبن کي ترجيح ڏني ويندي ۽ اسڪولن ۽ اسپتالن ۾ سهولتون مهيا ڪيون وينديون، عوام جي خدمت اسان جو فرض آهي.

وزيراعليٰ سنڌ چيو آهي ته صوبي ۾ تعليم ۽ صحت جي شعبن کي ترجيح ڏني ويندي ۽ اسڪولن ۽ اسپتالن ۾ سهولتون مهيا ڪيون وينديون، عوام جي خدمت اسان جو فرض آهي.

باقي صفحي تي

بقايا	20

اسلام آباد ۾ قومي اسيمبلي جي اجلاس دوران مختلف بلن تي بحث ڪيو ويو ۽ ميمبرن ملڪ جي معاشي صورتحال بابت پنهنجا رايا ڏنا، اجلاس سومر تائين ملتوي ڪيو ويو.

اسلام آباد ۾ قومي اسيمبلي جي اجلاس دوران مختلف بلن تي بحث ڪيو ويو ۽ ميمبرن ملڪ جي معاشي صورتحال بابت پنهنجا رايا ڏنا، اجلاس سومر تائين ملتوي ڪيو ويو.

اسلام آباد ۾ قومي اسيمبلي جي اجلاس دوران مختلف بلن تي بحث ڪيو ويو ۽ ميمبرن ملڪ جي معاشي صورتحال بابت پنهنجا رايا ڏنا، اجلاس سومر تائين ملتوي ڪيو ويو.

باقي صفحي تي

بقايا	21

سکر ۾ شهرين احتجاجي مظاهرو ڪيو ۽ مطالبو ڪيو ته علائقي ۾ بجلي ۽ گئس جي لوڊشيڊنگ ختم ڪئي وڃي، مظاهرين چيو ته ڪلاڪن جا ڪلاڪ بجلي بند رهڻ سبب زندگي مفلوج ٿي وئي آهي.

سکر ۾ شهرين احتجاجي مظاهرو ڪيو ۽ مطالبو ڪيو ته علائقي ۾ بجلي ۽ گئس جي لوڊشيڊنگ ختم ڪئي وڃي، مظاهرين چيو ته ڪلاڪن جا ڪلاڪ بجلي بند رهڻ سبب زندگي مفلوج ٿي وئي آهي.

سکر ۾ شهرين احتجاجي مظاهرو ڪيو ۽ مطالبو ڪيو ته علائقي ۾ بجلي ۽ گئس جي لوڊشيڊنگ ختم ڪئي وڃي، مظاهرين چيو ته ڪلاڪن جا ڪلاڪ بجلي بند رهڻ سبب زندگي مفلوج ٿي وئي آهي.

باقي صفحي تي

بقايا	22

لاڙڪاڻو ۾ ضلعي انتظاميه پاران صفائي مهم شروع ڪئي وئي آهي، جنهن تحت شهر جي مختلف علائقن مان ڪچرو کڻي صاف سٿرو ماحول فراهم ڪيو ويندو.

ميرپورخاص ۾ هارين زرعي پاڻي جي کوٽ خلاف مظاهرو ڪيو ۽ آبپاشي کاتي کان مطالبو ڪيو ته واهن ۾ پورو پاڻي ڇڏيو وڃي ته جيئن فصل تباهه ٿيڻ کان بچي سگهن.

لاڙڪاڻو ۾ ضلعي انتظاميه پاران صفائي مهم شروع ڪئي وئي آهي، جنهن تحت شهر جي مختلف علائقن مان ڪچرو کڻي صاف سٿرو ماحول فراهم ڪيو ويندو.

ميرپورخاص ۾ هارين زرعي پاڻي جي کوٽ خلاف مظاهرو ڪيو ۽ آبپاشي کاتي کان مطالبو ڪيو ته واهن ۾ پورو پاڻي ڇڏيو وڃي ته جيئن فصل تباهه ٿيڻ کان بچي سگهن.

لاڙڪاڻو ۾ ضلعي انتظاميه پاران صفائي مهم شروع ڪئي وئي آهي، جنهن تحت شهر جي مختلف علائقن مان ڪچرو کڻي صاف سٿرو ماحول فراهم ڪيو ويندو.

ميرپورخاص ۾ هارين زرعي پاڻي جي کوٽ خلاف مظاهرو ڪيو ۽ آبپاشي کاتي کان مطالبو ڪيو ته واهن ۾ پورو پاڻي ڇڏيو وڃي ته جيئن فصل تباهه ٿيڻ کان بچي سگهن.

باقي صفحي تي

بقايا	23

نوابشاهه ۾ ڪرڪيٽ ٽورنامينٽ جو فائنل مقابلو کيڏيو ويو، جنهن ۾ شهر جي مختلف ٽيمن حصو ورتو ۽ کٽندڙ ٽيم کي انعام ڏنا ويا، تقريب ۾ وڏي تعداد ۾ ماڻهن شرڪت ڪئي.

ٺٽو ۾ سمنڊ جي پاڻي جي چاڙهه سبب ساحلي علائقن جي ماڻهن کي مشڪلاتن کي منهن ڏيڻو پئجي رهيو آهي، مقامي ماڻهن حڪومت کان مدد جي اپيل ڪئي آهي.

نوابشاهه ۾ ڪرڪيٽ ٽورنامينٽ جو فائنل مقابلو کيڏيو ويو، جنهن ۾ شهر جي مختلف ٽيمن حصو ورتو ۽ کٽندڙ ٽيم کي انعام ڏنا ويا، تقريب ۾ وڏي تعداد ۾ ماڻهن شرڪت ڪئي.

ٺٽو ۾ سمنڊ جي پاڻي جي چاڙهه سبب ساحلي علائقن جي ماڻهن کي مشڪلاتن کي منهن ڏيڻو پئجي رهيو آهي، مقامي ماڻهن حڪومت کان مدد جي اپيل ڪئي آهي.

نوابشاهه ۾ ڪرڪيٽ ٽورنامينٽ جو فائنل مقابلو کيڏيو ويو، جنهن ۾ شهر جي مختلف ٽيمن حصو ورتو ۽ کٽندڙ ٽيم کي انعام ڏنا ويا، تقريب ۾ وڏي تعداد ۾ ماڻهن شرڪت ڪئي.

ٺٽو ۾ سمنڊ جي پاڻي جي چاڙهه سبب ساحلي علائقن جي ماڻهن کي مشڪلاتن کي منهن ڏيڻو پئجي رهيو آهي، مقامي ماڻهن حڪومت کان مدد جي اپيل ڪئي آهي.

باقي صفحي تي

بقايا	24

دادو ۾ صحت کاتي پاران پوليو مهم شروع ڪئي وئي، جنهن دوران پنجن سالن کان گهٽ عمر جي ٻارن کي پوليو کان بچاءُ جا ڦڙا پياريا ويندا.

دادو ۾ صحت کاتي پاران پوليو مهم شروع ڪئي وئي، جنهن دوران پنجن سالن کان گهٽ عمر جي ٻارن کي پوليو کان بچاءُ جا ڦڙا پياريا ويندا.

دادو ۾ صحت کاتي پاران پوليو مهم شروع ڪئي وئي، جنهن دوران پنجن سالن کان گهٽ عمر جي ٻارن کي پوليو کان بچاءُ جا ڦڙا پياريا ويندا.

باقي صفحي تي

بقايا	25

ڪراچي (نيوز ڊيسڪ) صوبائي حڪومت پاران شهر جي ترقي لاءِ نوان منصوبا شروع ڪرڻ جو اعلان ڪيو ويو آهي، جنهن تحت روڊن، پاڻي ۽ نيڪال جي سهولتن کي بهتر بڻايو ويندو ۽ شهرين جي مسئلن جو حل ڪڍيو ويندو.

ڪراچي (نيوز ڊيسڪ) صوبائي حڪومت پاران شهر جي ترقي لاءِ نوان منصوبا شروع ڪرڻ جو اعلان ڪيو ويو آهي، جنهن تحت روڊن، پاڻي ۽ نيڪال جي سهولتن کي بهتر بڻايو ويندو ۽ شهرين جي مسئلن جو حل ڪڍيو ويندو.

ڪراچي (نيوز ڊيسڪ) صوبائي حڪومت پاران شهر جي ترقي لاءِ نوان منصوبا شروع ڪرڻ جو اعلان ڪيو ويو آهي، جنهن تحت روڊن، پاڻي ۽ نيڪال جي سهولتن کي بهتر بڻايو ويندو ۽ شهرين جي مسئلن جو حل ڪڍيو ويندو.

باقي صفحي تي

بقايا	26

حيدرآباد ۾ امن امان جي صورتحال بابت اجلاس منعقد ٿيو، جنهن ۾ پوليس ۽ انتظاميه جي عملدارن شرڪت ڪئي ۽ شهر ۾ ڏوهن جي روڪٿام لاءِ اهم فيصلا ڪيا ويا.

حيدرآباد ۾ امن امان جي صورتحال بابت اجلاس منعقد ٿيو، جنهن ۾ پوليس ۽ انتظاميه جي عملدارن شرڪت ڪئي ۽ شهر ۾ ڏوهن جي روڪٿام لاءِ اهم فيصلا ڪيا ويا.

حيدرآباد ۾ امن امان جي صورتحال بابت اجلاس منعقد ٿيو، جنهن ۾ پوليس ۽ انتظاميه جي عملدارن شرڪت ڪئي ۽ شهر ۾ ڏوهن جي روڪٿام لاءِ اهم فيصلا ڪيا ويا.

باقي صفحي تي

بقايا	27

وزيراعليٰ سنڌ چيو آهي ته صوبي ۾ تعليم ۽ صحت جي شعبن کي ترجيح ڏني ويندي ۽ اسڪولن ۽ اسپتالن ۾ سهولتون مهيا ڪيون وينديون، عوام جي خدمت اسان جو فرض آهي.

وزيراعليٰ سنڌ چيو آهي ته صوبي ۾ تعليم ۽ صحت جي شعبن کي ترجيح ڏني ويندي ۽ اسڪولن ۽ اسپتالن ۾ سهولتون مهيا ڪيون وينديون، عوام جي خدمت اسان جو فرض آهي.

وزيراعليٰ سنڌ چيو آهي ته صوبي ۾ تعليم ۽ صحت جي شعبن کي ترجيح ڏني ويندي ۽ اسڪولن ۽ اسپتالن ۾ سهولتون مهيا ڪيون وينديون، عوام جي خدمت اسان جو فرض آهي.

باقي صفحي تي

اسلام آباد ۾ قومي اسيمبلي جي اجلاس دوران مختلف بلن تي بحث ڪيو ويو ۽ ميمبرن ملڪ جي معاشي صورتحال بابت پنهنجا رايا ڏنا، اجلاس سومر تائين ملتوي ڪيو ويو.

سکر ۾ شهرين احتجاجي مظاهرو ڪيو ۽ مطالبو ڪيو ته علائقي ۾ بجلي ۽ گئس جي لوڊشيڊنگ ختم ڪئي وڃي، مظاهرين چيو ته ڪلاڪن جا ڪلاڪ بجلي بند رهڻ سبب زندگي مفلوج ٿي وئي آهي.

اسلام آباد ۾ قومي اسيمبلي جي اجلاس دوران مختلف بلن تي بحث ڪيو ويو ۽ ميمبرن ملڪ جي معاشي صورتحال بابت پنهنجا رايا ڏنا، اجلاس سومر تائين ملتوي ڪيو ويو.

سکر ۾ شهرين احتجاجي مظاهرو ڪيو ۽ مطالبو ڪيو ته علائقي ۾ بجلي ۽ گئس جي لوڊشيڊنگ ختم ڪئي وڃي، مظاهرين چيو ته ڪلاڪن جا ڪلاڪ بجلي بند رهڻ سبب زندگي مفلوج ٿي وئي آهي.

اسلام آباد ۾ قومي اسيمبلي جي اجلاس دوران مختلف بلن تي بحث ڪيو ويو ۽ ميمبرن ملڪ جي معاشي صورتحال بابت پنهنجا رايا ڏنا، اجلاس سومر تائين ملتوي ڪيو ويو.

سکر ۾ شهرين احتجاجي مظاهرو ڪيو ۽ مطالبو ڪيو ته علائقي ۾ بجلي ۽ گئس جي لوڊشيڊنگ ختم ڪئي وڃي، مظاهرين چيو ته ڪلاڪن جا ڪلاڪ بجلي بند رهڻ سبب زندگي مفلوج ٿي وئي آهي.

باقي صفحي تي

بقايا	28

لاڙڪاڻو ۾ ضلعي انتظاميه پاران صفائي مهم شروع ڪئي وئي آهي، جنهن تحت شهر جي مختلف علائقن مان ڪچرو کڻي صاف سٿرو ماحول فراهم ڪيو ويندو.

ميرپورخاص ۾ هارين زرعي پاڻي جي کوٽ خلاف مظاهرو ڪيو ۽ آبپاشي کاتي کان مطالبو ڪيو ته واهن ۾ پورو پاڻي ڇڏيو وڃي ته جيئن فصل تباهه ٿيڻ کان بچي سگهن.

لاڙڪاڻو ۾ ضلعي انتظاميه پاران صفائي مهم شروع ڪئي وئي آهي، جنهن تحت شهر جي مختلف علائقن مان ڪچرو کڻي صاف سٿرو ماحول فراهم ڪيو ويندو.

ميرپورخاص ۾ هارين زرعي پاڻي جي کوٽ خلاف مظاهرو ڪيو ۽ آبپاشي کاتي کان مطالبو ڪيو ته واهن ۾ پورو پاڻي ڇڏيو وڃي ته جيئن فصل تباهه ٿيڻ کان بچي سگهن.

لاڙڪاڻو ۾ ضلعي انتظاميه پاران صفائي مهم شروع ڪئي وئي آهي، جنهن تحت شهر جي مختلف علائقن مان ڪچرو کڻي صاف سٿرو ماحول فراهم ڪيو ويندو.

ميرپورخاص ۾ هارين زرعي پاڻي جي کوٽ خلاف مظاهرو ڪيو ۽ آبپاشي کاتي کان مطالبو ڪيو ته واهن ۾ پورو پاڻي ڇڏيو وڃي ته جيئن فصل تباهه ٿيڻ کان بچي سگهن.

باقي صفحي تي

بقايا	29

نوابشاهه ۾ ڪرڪيٽ ٽورنامينٽ جو فائنل مقابلو کيڏيو ويو، جنهن ۾ شهر جي مختلف ٽيمن حصو ورتو ۽ کٽندڙ ٽيم کي انعام ڏنا ويا، تقريب ۾ وڏي تعداد ۾ ماڻهن شرڪت ڪئي.

نوابشاهه ۾ ڪرڪيٽ ٽورنامينٽ جو فائنل مقابلو کيڏيو ويو، جنهن ۾ شهر جي مختلف ٽيمن حصو ورتو ۽ کٽندڙ ٽيم کي انعام ڏنا ويا، تقريب ۾ وڏي تعداد ۾ ماڻهن شرڪت ڪئي.

نوابشاهه ۾ ڪرڪيٽ ٽورنامينٽ جو فائنل مقابلو کيڏيو ويو، جنهن ۾ شهر جي مختلف ٽيمن حصو ورتو ۽ کٽندڙ ٽيم کي انعام ڏنا ويا، تقريب ۾ وڏي تعداد ۾ ماڻهن شرڪت ڪئي.

باقي صفحي تي

بقايا	30

ٺٽو ۾ سمنڊ جي پاڻي جي چاڙهه سبب ساحلي علائقن جي ماڻهن کي مشڪلاتن کي منهن ڏيڻو پئجي رهيو آهي، مقامي ماڻهن حڪومت کان مدد جي اپيل ڪئي آهي.

دادو ۾ صحت کاتي پاران پوليو مهم شروع ڪئي وئي، جنهن دوران پنجن سالن کان گهٽ عمر جي ٻارن کي پوليو کان بچاءُ جا ڦڙا پياريا ويندا.

ٺٽو ۾ سمنڊ جي پاڻي جي چاڙهه سبب ساحلي علائقن جي ماڻهن کي مشڪلاتن کي منهن ڏيڻو پئجي رهيو آهي، مقامي ماڻهن حڪومت کان مدد جي اپيل ڪئي آهي.

دادو ۾ صحت کاتي پاران پوليو مهم شروع ڪئي وئي، جنهن دوران پنجن سالن کان گهٽ عمر جي ٻارن کي پوليو کان بچاءُ جا ڦڙا پياريا ويندا.

ٺٽو ۾ سمنڊ جي پاڻي جي چاڙهه سبب ساحلي علائقن جي ماڻهن کي مشڪلاتن کي منهن ڏيڻو پئجي رهيو آهي، مقامي ماڻهن حڪومت کان مدد جي اپيل ڪئي آهي.

دادو ۾ صحت کاتي پاران پوليو مهم شروع ڪئي وئي، جنهن دوران پنجن سالن کان گهٽ عمر جي ٻارن کي پوليو کان بچاءُ جا ڦڙا پياريا ويندا.

باقي صفحي تي

بقايا	31

ڪراچي (نيوز ڊيسڪ) صوبائي حڪومت پاران شهر جي ترقي لاءِ نوان منصوبا شروع ڪرڻ جو اعلان ڪيو ويو آهي، جنهن تحت روڊن، پاڻي ۽ نيڪال جي سهولتن کي بهتر بڻايو ويندو ۽ شهرين جي مسئلن جو حل ڪڍيو ويندو.

حيدرآباد ۾ امن امان جي صورتحال بابت اجلاس منعقد ٿيو، جنهن ۾ پوليس ۽ انتظاميه جي عملدارن شرڪت ڪئي ۽ شهر ۾ ڏوهن جي روڪٿام لاءِ اهم فيصلا ڪيا ويا.

ڪراچي (نيوز ڊيسڪ) صوبائي حڪومت پاران شهر جي ترقي لاءِ نوان منصوبا شروع ڪرڻ جو اعلان ڪيو ويو آهي، جنهن تحت روڊن، پاڻي ۽ نيڪال جي سهولتن کي بهتر بڻايو ويندو ۽ شهرين جي مسئلن جو حل ڪڍيو ويندو.

حيدرآباد ۾ امن امان جي صورتحال بابت اجلاس منعقد ٿيو، جنهن ۾ پوليس ۽ انتظاميه جي عملدارن شرڪت ڪئي ۽ شهر ۾ ڏوهن جي روڪٿام لاءِ اهم فيصلا ڪيا ويا.

ڪراچي (نيوز ڊيسڪ) صوبائي حڪومت پاران شهر جي ترقي لاءِ نوان منصوبا شروع ڪرڻ جو اعلان ڪيو ويو آهي، جنهن تحت روڊن، پاڻي ۽ نيڪال جي سهولتن کي بهتر بڻايو ويندو ۽ شهرين جي مسئلن جو حل ڪڍيو ويندو.

حيدرآباد ۾ امن امان جي صورتحال بابت اجلاس منعقد ٿيو، جنهن ۾ پوليس ۽ انتظاميه جي عملدارن شرڪت ڪئي ۽ شهر ۾ ڏوهن جي روڪٿام لاءِ اهم فيصلا ڪيا ويا.

باقي صفحي تي

بقايا	32

وزيراعليٰ سنڌ چيو آهي ته صوبي ۾ تعليم ۽ صحت جي شعبن کي ترجيح ڏني ويندي ۽ اسڪولن ۽ اسپتالن ۾ سهولتون مهيا ڪيون وينديون، عوام جي خدمت اسان جو فرض آهي.

وزيراعليٰ سنڌ چيو آهي ته صوبي ۾ تعليم ۽ صحت جي شعبن کي ترجيح ڏني ويندي ۽ اسڪولن ۽ اسپتالن ۾ سهولتون مهيا ڪيون وينديون، عوام جي خدمت اسان جو فرض آهي.

وزيراعليٰ سنڌ چيو آهي ته صوبي ۾ تعليم ۽ صحت جي شعبن کي ترجيح ڏني ويندي ۽ اسڪولن ۽ اسپتالن ۾ سهولتون مهيا ڪيون وينديون، عوام جي خدمت اسان جو فرض آهي.

باقي صفحي تي

بقايا	33

اسلام آباد ۾ قومي اسيمبلي جي اجلاس دوران مختلف بلن تي بحث ڪيو ويو ۽ ميمبرن ملڪ جي معاشي صورتحال بابت پنهنجا رايا ڏنا، اجلاس سومر تائين ملتوي ڪيو ويو.

اسلام آباد ۾ قومي اسيمبلي جي اجلاس دوران مختلف بلن تي بحث ڪيو ويو ۽ ميمبرن ملڪ جي معاشي صورتحال بابت پنهنجا رايا ڏنا، اجلاس سومر تائين ملتوي ڪيو ويو.

اسلام آباد ۾ قومي اسيمبلي جي اجلاس دوران مختلف بلن تي بحث ڪيو ويو ۽ ميمبرن ملڪ جي معاشي صورتحال بابت پنهنجا رايا ڏنا، اجلاس سومر تائين ملتوي ڪيو ويو.

باقي صفحي تي

بقايا	34

سکر ۾ شهرين احتجاجي مظاهرو ڪيو ۽ مطالبو ڪيو ته علائقي ۾ بجلي ۽ گئس جي لوڊشيڊنگ ختم ڪئي وڃي، مظاهرين چيو ته ڪلاڪن جا ڪلاڪ بجلي بند رهڻ سبب زندگي مفلوج ٿي وئي آهي.

سکر ۾ شهرين احتجاجي مظاهرو ڪيو ۽ مطالبو ڪيو ته علائقي ۾ بجلي ۽ گئس جي لوڊشيڊنگ ختم ڪئي وڃي، مظاهرين چيو ته ڪلاڪن جا ڪلاڪ بجلي بند رهڻ سبب زندگي مفلوج ٿي وئي آهي.

سکر ۾ شهرين احتجاجي مظاهرو ڪيو ۽ مطالبو ڪيو ته علائقي ۾ بجلي ۽ گئس جي لوڊشيڊنگ ختم ڪئي وڃي، مظاهرين چيو ته ڪلاڪن جا ڪلاڪ بجلي بند رهڻ سبب زندگي مفلوج ٿي وئي آهي.

باقي صفحي تي

لاڙڪاڻو ۾ ضلعي انتظاميه پاران صفائي مهم شروع ڪئي وئي آهي، جنهن تحت شهر جي مختلف علائقن مان ڪچرو کڻي صاف سٿرو ماحول فراهم ڪيو ويندو.

ميرپورخاص ۾ هارين زرعي پاڻي جي کوٽ خلاف مظاهرو ڪيو ۽ آبپاشي کاتي کان مطالبو ڪيو ته واهن ۾ پورو پاڻي ڇڏيو وڃي ته جيئن فصل تباهه ٿيڻ کان بچي سگهن.

نوابشاهه ۾ ڪرڪيٽ ٽورنامينٽ جو فائنل مقابلو کيڏيو ويو، جنهن ۾ شهر جي مختلف ٽيمن حصو ورتو ۽ کٽندڙ ٽيم کي انعام ڏنا ويا، تقريب ۾ وڏي تعداد ۾ ماڻهن شرڪت ڪئي.

لاڙڪاڻو ۾ ضلعي انتظاميه پاران صفائي مهم شروع ڪئي وئي آهي، جنهن تحت شهر جي مختلف علائقن مان ڪچرو کڻي صاف سٿرو ماحول فراهم ڪيو ويندو.

ميرپورخاص ۾ هارين زرعي پاڻي جي کوٽ خلاف مظاهرو ڪيو ۽ آبپاشي کاتي کان مطالبو ڪيو ته واهن ۾ پورو پاڻي ڇڏيو وڃي ته جيئن فصل تباهه ٿيڻ کان بچي سگهن.

نوابشاهه ۾ ڪرڪيٽ ٽورنامينٽ جو فائنل مقابلو کيڏيو ويو، جنهن ۾ شهر جي مختلف ٽيمن حصو ورتو ۽ کٽندڙ ٽيم کي انعام ڏنا ويا، تقريب ۾ وڏي تعداد ۾ ماڻهن شرڪت ڪئي.

لاڙڪاڻو ۾ ضلعي انتظاميه پاران صفائي مهم شروع ڪئي وئي آهي، جنهن تحت شهر جي مختلف علائقن مان ڪچرو کڻي صاف سٿرو ماحول فراهم ڪيو ويندو.

ميرپورخاص ۾ هارين زرعي پاڻي جي کوٽ خلاف مظاهرو ڪيو ۽ آبپاشي کاتي کان مطالبو ڪيو ته واهن ۾ پورو پاڻي ڇڏيو وڃي ته جيئن فصل تباهه ٿيڻ کان بچي سگهن.

نوابشاهه ۾ ڪرڪيٽ ٽورنامينٽ جو فائنل مقابلو کيڏيو ويو، جنهن ۾ شهر جي مختلف ٽيمن حصو ورتو ۽ کٽندڙ ٽيم کي انعام ڏنا ويا، تقريب ۾ وڏي تعداد ۾ ماڻهن شرڪت ڪئي.

باقي صفحي تي

بقايا	35

ٺٽو ۾ سمنڊ جي پاڻي جي چاڙهه سبب ساحلي علائقن جي ماڻهن کي مشڪلاتن کي منهن ڏيڻو پئجي رهيو آهي، مقامي ماڻهن حڪومت کان مدد جي اپيل ڪئي آهي.

دادو ۾ صحت کاتي پاران پوليو مهم شروع ڪئي وئي، جنهن دوران پنجن سالن کان گهٽ عمر جي ٻارن کي پوليو کان بچاءُ جا ڦڙا پياريا ويندا.

ٺٽو ۾ سمنڊ جي پاڻي جي چاڙهه سبب ساحلي علائقن جي ماڻهن کي مشڪلاتن کي منهن ڏيڻو پئجي رهيو آهي، مقامي ماڻهن حڪومت کان مدد جي اپيل ڪئي آهي.

دادو ۾ صحت کاتي پاران پوليو مهم شروع ڪئي وئي، جنهن دوران پنجن سالن کان گهٽ عمر جي ٻارن کي پوليو کان بچاءُ جا ڦڙا پياريا ويندا.

ٺٽو ۾ سمنڊ جي پاڻي جي چاڙهه سبب ساحلي علائقن جي ماڻهن کي مشڪلاتن کي منهن ڏيڻو پئجي رهيو آهي، مقامي ماڻهن حڪومت کان مدد جي اپيل ڪئي آهي.

دادو ۾ صحت کاتي پاران پوليو مهم شروع ڪئي وئي، جنهن دوران پنجن سالن کان گهٽ عمر جي ٻارن کي پوليو کان بچاءُ جا ڦڙا پياريا ويندا.

باقي صفحي تي

بقايا	36

ڪراچي (نيوز ڊيسڪ) صوبائي حڪومت پاران شهر جي ترقي لاءِ نوان منصوبا شروع ڪرڻ جو اعلان ڪيو ويو آهي، جنهن تحت روڊن، پاڻي ۽ نيڪال جي سهولتن کي بهتر بڻايو ويندو ۽ شهرين جي مسئلن جو حل ڪڍيو ويندو.

حيدرآباد ۾ امن امان جي صورتحال بابت اجلاس منعقد ٿيو، جنهن ۾ پوليس ۽ انتظاميه جي عملدارن شرڪت ڪئي ۽ شهر ۾ ڏوهن جي روڪٿام لاءِ اهم فيصلا ڪيا ويا.

وزيراعليٰ سنڌ چيو آهي ته صوبي ۾ تعليم ۽ صحت جي شعبن کي ترجيح ڏني ويندي ۽ اسڪولن ۽ اسپتالن ۾ سهولتون مهيا ڪيون وينديون، عوام جي خدمت اسان جو فرض آهي.

ڪراچي (نيوز ڊيسڪ) صوبائي حڪومت پاران شهر جي ترقي لاءِ نوان منصوبا شروع ڪرڻ جو اعلان ڪيو ويو آهي، جنهن تحت روڊن، پاڻي ۽ نيڪال جي سهولتن کي بهتر بڻايو ويندو ۽ شهرين جي مسئلن جو حل ڪڍيو ويندو.

حيدرآباد ۾ امن امان جي صورتحال بابت اجلاس منعقد ٿيو، جنهن ۾ پوليس ۽ انتظاميه جي عملدارن شرڪت ڪئي ۽ شهر ۾ ڏوهن جي روڪٿام لاءِ اهم فيصلا ڪيا ويا.

وزيراعليٰ سنڌ چيو آهي ته صوبي ۾ تعليم ۽ صحت جي شعبن کي ترجيح ڏني ويندي ۽ اسڪولن ۽ اسپتالن ۾ سهولتون مهيا ڪيون وينديون، عوام جي خدمت اسان جو فرض آهي.

ڪراچي (نيوز ڊيسڪ) صوبائي حڪومت پاران شهر جي ترقي لاءِ نوان منصوبا شروع ڪرڻ جو اعلان ڪيو ويو آهي، جنهن تحت روڊن، پاڻي ۽ نيڪال جي سهولتن کي بهتر بڻايو ويندو ۽ شهرين جي مسئلن جو حل ڪڍيو ويندو.

حيدرآباد ۾ امن امان جي صورتحال بابت اجلاس منعقد ٿيو، جنهن ۾ پوليس ۽ انتظاميه جي عملدارن شرڪت ڪئي ۽ شهر ۾ ڏوهن جي روڪٿام لاءِ اهم فيصلا ڪيا ويا.

وزيراعليٰ سنڌ چيو آهي ته صوبي ۾ تعليم ۽ صحت جي شعبن کي ترجيح ڏني ويندي ۽ اسڪولن ۽ اسپتالن ۾ سهولتون مهيا ڪيون وينديون، عوام جي خدمت اسان جو فرض آهي.

باقي صفحي تي

بقايا	37

اسلام آباد ۾ قومي اسيمبلي جي اجلاس دوران مختلف بلن تي بحث ڪيو ويو ۽ ميمبرن ملڪ جي معاشي صورتحال بابت پنهنجا رايا ڏنا، اجلاس سومر تائين ملتوي ڪيو ويو.

سکر ۾ شهرين احتجاجي مظاهرو ڪيو ۽ مطالبو ڪيو ته علائقي ۾ بجلي ۽ گئس جي لوڊشيڊنگ ختم ڪئي وڃي، مظاهرين چيو ته ڪلاڪن جا ڪلاڪ بجلي بند رهڻ سبب زندگي مفلوج ٿي وئي آهي.

اسلام آباد ۾ قومي اسيمبلي جي اجلاس دوران مختلف بلن تي بحث ڪيو ويو ۽ ميمبرن ملڪ جي معاشي صورتحال بابت پنهنجا رايا ڏنا، اجلاس سومر تائين ملتوي ڪيو ويو.

سکر ۾ شهرين احتجاجي مظاهرو ڪيو ۽ مطالبو ڪيو ته علائقي ۾ بجلي ۽ گئس جي لوڊشيڊنگ ختم ڪئي وڃي، مظاهرين چيو ته ڪلاڪن جا ڪلاڪ بجلي بند رهڻ سبب زندگي مفلوج ٿي وئي آهي.

اسلام آباد ۾ قومي اسيمبلي جي اجلاس دوران مختلف بلن تي بحث ڪيو ويو ۽ ميمبرن ملڪ جي معاشي صورتحال بابت پنهنجا رايا ڏنا، اجلاس سومر تائين ملتوي ڪيو ويو.

سکر ۾ شهرين احتجاجي مظاهرو ڪيو ۽ مطالبو ڪيو ته علائقي ۾ بجلي ۽ گئس جي لوڊشيڊنگ ختم ڪئي وڃي، مظاهرين چيو ته ڪلاڪن جا ڪلاڪ بجلي بند رهڻ سبب زندگي مفلوج ٿي وئي آهي.

باقي صفحي تي

بقايا	38

لاڙڪاڻو ۾ ضلعي انتظاميه پاران صفائي مهم شروع ڪئي وئي آهي، جنهن تحت شهر جي مختلف علائقن مان ڪچرو کڻي صاف سٿرو ماحول فراهم ڪيو ويندو.

ميرپورخاص ۾ هارين زرعي پاڻي جي کوٽ خلاف مظاهرو ڪيو ۽ آبپاشي کاتي کان مطالبو ڪيو ته واهن ۾ پورو پاڻي ڇڏيو وڃي ته جيئن فصل تباهه ٿيڻ کان بچي سگهن.

لاڙڪاڻو ۾ ضلعي انتظاميه پاران صفائي مهم شروع ڪئي وئي آهي، جنهن تحت شهر جي مختلف علائقن مان ڪچرو کڻي صاف سٿرو ماحول فراهم ڪيو ويندو.

ميرپورخاص ۾ هارين زرعي پاڻي جي کوٽ خلاف مظاهرو ڪيو ۽ آبپاشي کاتي کان مطالبو ڪيو ته واهن ۾ پورو پاڻي ڇڏيو وڃي ته جيئن فصل تباهه ٿيڻ کان بچي سگهن.

لاڙڪاڻو ۾ ضلعي انتظاميه پاران صفائي مهم شروع ڪئي وئي آهي، جنهن تحت شهر جي مختلف علائقن مان ڪچرو کڻي صاف سٿرو ماحول فراهم ڪيو ويندو.

ميرپورخاص ۾ هارين زرعي پاڻي جي کوٽ خلاف مظاهرو ڪيو ۽ آبپاشي کاتي کان مطالبو ڪيو ته واهن ۾ پورو پاڻي ڇڏيو وڃي ته جيئن فصل تباهه ٿيڻ کان بچي سگهن.

باقي صفحي تي

نوابشاهه ۾ ڪرڪيٽ ٽورنامينٽ جو فائنل مقابلو کيڏيو ويو، جنهن ۾ شهر جي مختلف ٽيمن حصو ورتو ۽ کٽندڙ ٽيم کي انعام ڏنا ويا، تقريب ۾ وڏي تعداد ۾ ماڻهن شرڪت ڪئي.

نوابشاهه ۾ ڪرڪيٽ ٽورنامينٽ جو فائنل مقابلو کيڏيو ويو، جنهن ۾ شهر جي مختلف ٽيمن حصو ورتو ۽ کٽندڙ ٽيم کي انعام ڏنا ويا، تقريب ۾ وڏي تعداد ۾ ماڻهن شرڪت ڪئي.

نوابشاهه ۾ ڪرڪيٽ ٽورنامينٽ جو فائنل مقابلو کيڏيو ويو، جنهن ۾ شهر جي مختلف ٽيمن حصو ورتو ۽ کٽندڙ ٽيم کي انعام ڏنا ويا، تقريب ۾ وڏي تعداد ۾ ماڻهن شرڪت ڪئي.

باقي صفحي تي

ٺٽو ۾ سمنڊ جي پاڻي جي چاڙهه سبب ساحلي علائقن جي ماڻهن کي مشڪلاتن کي منهن ڏيڻو پئجي رهيو آهي، مقامي ماڻهن حڪومت کان مدد جي اپيل ڪئي آهي.

دادو ۾ صحت کاتي پاران پوليو مهم شروع ڪئي وئي، جنهن دوران پنجن سالن کان گهٽ عمر جي ٻارن کي پوليو کان بچاءُ جا ڦڙا پياريا ويندا.

ڪراچي (نيوز ڊيسڪ) صوبائي حڪومت پاران شهر جي ترقي لاءِ نوان منصوبا شروع ڪرڻ جو اعلان ڪيو ويو آهي، جنهن تحت روڊن، پاڻي ۽ نيڪال جي سهولتن کي بهتر بڻايو ويندو ۽ شهرين جي مسئلن جو حل ڪڍيو ويندو.

حيدرآباد ۾ امن امان جي صورتحال بابت اجلاس منعقد ٿيو، جنهن ۾ پوليس ۽ انتظاميه جي عملدارن شرڪت ڪئي ۽ شهر ۾ ڏوهن جي روڪٿام لاءِ اهم فيصلا ڪيا ويا.

ٺٽو ۾ سمنڊ جي پاڻي جي چاڙهه سبب ساحلي علائقن جي ماڻهن کي مشڪلاتن کي منهن ڏيڻو پئجي رهيو آهي، مقامي ماڻهن حڪومت کان مدد جي اپيل ڪئي آهي.

دادو ۾ صحت کاتي پاران پوليو مهم شروع ڪئي وئي، جنهن دوران پنجن سالن کان گهٽ عمر جي ٻارن کي پوليو کان بچاءُ جا ڦڙا پياريا ويندا.

ڪراچي (نيوز ڊيسڪ) صوبائي حڪومت پاران شهر جي ترقي لاءِ نوان منصوبا شروع ڪرڻ جو اعلان ڪيو ويو آهي، جنهن تحت روڊن، پاڻي ۽ نيڪال جي سهولتن کي بهتر بڻايو ويندو ۽ شهرين جي مسئلن جو حل ڪڍيو ويندو.

حيدرآباد ۾ امن امان جي صورتحال بابت اجلاس منعقد ٿيو، جنهن ۾ پوليس ۽ انتظاميه جي عملدارن شرڪت ڪئي ۽ شهر ۾ ڏوهن جي روڪٿام لاءِ اهم فيصلا ڪيا ويا.

ٺٽو ۾ سمنڊ جي پاڻي جي چاڙهه سبب ساحلي علائقن جي ماڻهن کي مشڪلاتن کي منهن ڏيڻو پئجي رهيو آهي، مقامي ماڻهن حڪومت کان مدد جي اپيل ڪئي آهي.

دادو ۾ صحت کاتي پاران پوليو مهم شروع ڪئي وئي، جنهن دوران پنجن سالن کان گهٽ عمر جي ٻارن کي پوليو کان بچاءُ جا ڦڙا پياريا ويندا.

ڪراچي (نيوز ڊيسڪ) صوبائي حڪومت پاران شهر جي ترقي لاءِ نوان منصوبا شروع ڪرڻ جو اعلان ڪيو ويو آهي، جنهن تحت روڊن، پاڻي ۽ نيڪال جي سهولتن کي بهتر بڻايو ويندو ۽ شهرين جي مسئلن جو حل ڪڍيو ويندو.

حيدرآباد ۾ امن امان جي صورتحال بابت اجلاس منعقد ٿيو، جنهن ۾ پوليس ۽ انتظاميه جي عملدارن شرڪت ڪئي ۽ شهر ۾ ڏوهن جي روڪٿام لاءِ اهم فيصلا ڪيا ويا.

باقي صفحي تي

بقايا	38

وزيراعليٰ سنڌ چيو آهي ته صوبي ۾ تعليم ۽ صحت جي شعبن کي ترجيح ڏني ويندي ۽ اسڪولن ۽ اسپتالن ۾ سهولتون مهيا ڪيون وينديون، عوام جي خدمت اسان جو فرض آهي.

اسلام آباد ۾ قومي اسيمبلي جي اجلاس دوران مختلف بلن تي بحث ڪيو ويو ۽ ميمبرن ملڪ جي معاشي صورتحال بابت پنهنجا رايا ڏنا، اجلاس سومر تائين ملتوي ڪيو ويو.

سکر ۾ شهرين احتجاجي مظاهرو ڪيو ۽ مطالبو ڪيو ته علائقي ۾ بجلي ۽ گئس جي لوڊشيڊنگ ختم ڪئي وڃي، مظاهرين چيو ته ڪلاڪن جا ڪلاڪ بجلي بند رهڻ سبب زندگي مفلوج ٿي وئي آهي.

وزيراعليٰ سنڌ چيو آهي ته صوبي ۾ تعليم ۽ صحت جي شعبن کي ترجيح ڏني ويندي ۽ اسڪولن ۽ اسپتالن ۾ سهولتون مهيا ڪيون وينديون، عوام جي خدمت اسان جو فرض آهي.

اسلام آباد ۾ قومي اسيمبلي جي اجلاس دوران مختلف بلن تي بحث ڪيو ويو ۽ ميمبرن ملڪ جي معاشي صورتحال بابت پنهنجا رايا ڏنا، اجلاس سومر تائين ملتوي ڪيو ويو.

سکر ۾ شهرين احتجاجي مظاهرو ڪيو ۽ مطالبو ڪيو ته علائقي ۾ بجلي ۽ گئس جي لوڊشيڊنگ ختم ڪئي وڃي، مظاهرين چيو ته ڪلاڪن جا ڪلاڪ بجلي بند رهڻ سبب زندگي مفلوج ٿي وئي آهي.

وزيراعليٰ سنڌ چيو آهي ته صوبي ۾ تعليم ۽ صحت جي شعبن کي ترجيح ڏني ويندي ۽ اسڪولن ۽ اسپتالن ۾ سهولتون مهيا ڪيون وينديون، عوام جي خدمت اسان جو فرض آهي.

اسلام آباد ۾ قومي اسيمبلي جي اجلاس دوران مختلف بلن تي بحث ڪيو ويو ۽ ميمبرن ملڪ جي معاشي صورتحال بابت پنهنجا رايا ڏنا، اجلاس سومر تائين ملتوي ڪيو ويو.

سکر ۾ شهرين احتجاجي مظاهرو ڪيو ۽ مطالبو ڪيو ته علائقي ۾ بجلي ۽ گئس جي لوڊشيڊنگ ختم ڪئي وڃي، مظاهرين چيو ته ڪلاڪن جا ڪلاڪ بجلي بند رهڻ سبب زندگي مفلوج ٿي وئي آهي.

باقي صفحي تي

بقايا	39

لاڙڪاڻو ۾ ضلعي انتظاميه پاران صفائي مهم شروع ڪئي وئي آهي، جنهن تحت شهر جي مختلف علائقن مان ڪچرو کڻي صاف سٿرو ماحول فراهم ڪيو ويندو.

ميرپورخاص ۾ هارين زرعي پاڻي جي کوٽ خلاف مظاهرو ڪيو ۽ آبپاشي کاتي کان مطالبو ڪيو ته واهن ۾ پورو پاڻي ڇڏيو وڃي ته جيئن فصل تباهه ٿيڻ کان بچي سگهن.

لاڙڪاڻو ۾ ضلعي انتظاميه پاران صفائي مهم شروع ڪئي وئي آهي، جنهن تحت شهر جي مختلف علائقن مان ڪچرو کڻي صاف سٿرو ماحول فراهم ڪيو ويندو.

ميرپورخاص ۾ هارين زرعي پاڻي جي کوٽ خلاف مظاهرو ڪيو ۽ آبپاشي کاتي کان مطالبو ڪيو ته واهن ۾ پورو پاڻي ڇڏيو وڃي ته جيئن فصل تباهه ٿيڻ کان بچي سگهن.

لاڙڪاڻو ۾ ضلعي انتظاميه پاران صفائي مهم شروع ڪئي وئي آهي، جنهن تحت شهر جي مختلف علائقن مان ڪچرو کڻي صاف سٿرو ماحول فراهم ڪيو ويندو.

ميرپورخاص ۾ هارين زرعي پاڻي جي کوٽ خلاف مظاهرو ڪيو ۽ آبپاشي کاتي کان مطالبو ڪيو ته واهن ۾ پورو پاڻي ڇڏيو وڃي ته جيئن فصل تباهه ٿيڻ کان بچي سگهن.

باقي صفحي تي

بقايا	40

نوابشاهه ۾ ڪرڪيٽ ٽورنامينٽ جو فائنل مقابلو کيڏيو ويو، جنهن ۾ شهر جي مختلف ٽيمن حصو ورتو ۽ کٽندڙ ٽيم کي انعام ڏنا ويا، تقريب ۾ وڏي تعداد ۾ ماڻهن شرڪت ڪئي.

نوابشاهه ۾ ڪرڪيٽ ٽورنامينٽ جو فائنل مقابلو کيڏيو ويو، جنهن ۾ شهر جي مختلف ٽيمن حصو ورتو ۽ کٽندڙ ٽيم کي انعام ڏنا ويا، تقريب ۾ وڏي تعداد ۾ ماڻهن شرڪت ڪئي.

نوابشاهه ۾ ڪرڪيٽ ٽورنامينٽ جو فائنل مقابلو کيڏيو ويو، جنهن ۾ شهر جي مختلف ٽيمن حصو ورتو ۽ کٽندڙ ٽيم کي انعام ڏنا ويا، تقريب ۾ وڏي تعداد ۾ ماڻهن شرڪت ڪئي.

باقي صفحي تي

بقايا	41

ٺٽو ۾ سمنڊ جي پاڻي جي چاڙهه سبب ساحلي علائقن جي ماڻهن کي مشڪلاتن کي منهن ڏيڻو پئجي رهيو آهي، مقامي ماڻهن حڪومت کان مدد جي اپيل ڪئي آهي.

دادو ۾ صحت کاتي پاران پوليو مهم شروع ڪئي وئي، جنهن دوران پنجن سالن کان گهٽ عمر جي ٻارن کي پوليو کان بچاءُ جا ڦڙا پياريا ويندا.

ٺٽو ۾ سمنڊ جي پاڻي جي چاڙهه سبب ساحلي علائقن جي ماڻهن کي مشڪلاتن کي منهن ڏيڻو پئجي رهيو آهي، مقامي ماڻهن حڪومت کان مدد جي اپيل ڪئي آهي.

دادو ۾ صحت کاتي پاران پوليو مهم شروع ڪئي وئي، جنهن دوران پنجن سالن کان گهٽ عمر جي ٻارن کي پوليو کان بچاءُ جا ڦڙا پياريا ويندا.

ٺٽو ۾ سمنڊ جي پاڻي جي چاڙهه سبب ساحلي علائقن جي ماڻهن کي مشڪلاتن کي منهن ڏيڻو پئجي رهيو آهي، مقامي ماڻهن حڪومت کان مدد جي اپيل ڪئي آهي.

دادو ۾ صحت کاتي پاران پوليو مهم شروع ڪئي وئي، جنهن دوران پنجن سالن کان گهٽ عمر جي ٻارن کي پوليو کان بچاءُ جا ڦڙا پياريا ويندا.

باقي صفحي تي

بقايا	42

ڪراچي (نيوز ڊيسڪ) صوبائي حڪومت پاران شهر جي ترقي لاءِ نوان منصوبا شروع ڪرڻ جو اعلان ڪيو ويو آهي، جنهن تحت روڊن، پاڻي ۽ نيڪال جي سهولتن کي بهتر بڻايو ويندو ۽ شهرين جي مسئلن جو حل ڪڍيو ويندو.

ڪراچي (نيوز ڊيسڪ) صوبائي حڪومت پاران شهر جي ترقي لاءِ نوان منصوبا شروع ڪرڻ جو اعلان ڪيو ويو آهي، جنهن تحت روڊن، پاڻي ۽ نيڪال جي سهولتن کي بهتر بڻايو ويندو ۽ شهرين جي مسئلن جو حل ڪڍيو ويندو.

ڪراچي (نيوز ڊيسڪ) صوبائي حڪومت پاران شهر جي ترقي لاءِ نوان منصوبا شروع ڪرڻ جو اعلان ڪيو ويو آهي، جنهن تحت روڊن، پاڻي ۽ نيڪال جي سهولتن کي بهتر بڻايو ويندو ۽ شهرين جي مسئلن جو حل ڪڍيو ويندو.

باقي صفحي تي

حيدرآباد ۾ امن امان جي صورتحال بابت اجلاس منعقد ٿيو، جنهن ۾ پوليس ۽ انتظاميه جي عملدارن شرڪت ڪئي ۽ شهر ۾ ڏوهن جي روڪٿام لاءِ اهم فيصلا ڪيا ويا.

وزيراعليٰ سنڌ چيو آهي ته صوبي ۾ تعليم ۽ صحت جي شعبن کي ترجيح ڏني ويندي ۽ اسڪولن ۽ اسپتالن ۾ سهولتون مهيا ڪيون وينديون، عوام جي خدمت اسان جو فرض آهي.

اسلام آباد ۾ قومي اسيمبلي جي اجلاس دوران مختلف بلن تي بحث ڪيو ويو ۽ ميمبرن ملڪ جي معاشي صورتحال بابت پنهنجا رايا ڏنا، اجلاس سومر تائين ملتوي ڪيو ويو.

سکر ۾ شهرين احتجاجي مظاهرو ڪيو ۽ مطالبو ڪيو ته علائقي ۾ بجلي ۽ گئس جي لوڊشيڊنگ ختم ڪئي وڃي، مظاهرين چيو ته ڪلاڪن جا ڪلاڪ بجلي بند رهڻ سبب زندگي مفلوج ٿي وئي آهي.

حيدرآباد ۾ امن امان جي صورتحال بابت اجلاس منعقد ٿيو، جنهن ۾ پوليس ۽ انتظاميه جي عملدارن شرڪت ڪئي ۽ شهر ۾ ڏوهن جي روڪٿام لاءِ اهم فيصلا ڪيا ويا.

وزيراعليٰ سنڌ چيو آهي ته صوبي ۾ تعليم ۽ صحت جي شعبن کي ترجيح ڏني ويندي ۽ اسڪولن ۽ اسپتالن ۾ سهولتون مهيا ڪيون وينديون، عوام جي خدمت اسان جو فرض آهي.

اسلام آباد ۾ قومي اسيمبلي جي اجلاس دوران مختلف بلن تي بحث ڪيو ويو ۽ ميمبرن ملڪ جي معاشي صورتحال بابت پنهنجا رايا ڏنا، اجلاس سومر تائين ملتوي ڪيو ويو.

سکر ۾ شهرين احتجاجي مظاهرو ڪيو ۽ مطالبو ڪيو ته علائقي ۾ بجلي ۽ گئس جي لوڊشيڊنگ ختم ڪئي وڃي، مظاهرين چيو ته ڪلاڪن جا ڪلاڪ بجلي بند رهڻ سبب زندگي مفلوج ٿي وئي آهي.

حيدرآباد ۾ امن امان جي صورتحال بابت اجلاس منعقد ٿيو، جنهن ۾ پوليس ۽ انتظاميه جي عملدارن شرڪت ڪئي ۽ شهر ۾ ڏوهن جي روڪٿام لاءِ اهم فيصلا ڪيا ويا.

وزيراعليٰ سنڌ چيو آهي ته صوبي ۾ تعليم ۽ صحت جي شعبن کي ترجيح ڏني ويندي ۽ اسڪولن ۽ اسپتالن ۾ سهولتون مهيا ڪيون وينديون، عوام جي خدمت اسان جو فرض آهي.

اسلام آباد ۾ قومي اسيمبلي جي اجلاس دوران مختلف بلن تي بحث ڪيو ويو ۽ ميمبرن ملڪ جي معاشي صورتحال بابت پنهنجا رايا ڏنا، اجلاس سومر تائين ملتوي ڪيو ويو.

سکر ۾ شهرين احتجاجي مظاهرو ڪيو ۽ مطالبو ڪيو ته علائقي ۾ بجلي ۽ گئس جي لوڊشيڊنگ ختم ڪئي وڃي، مظاهرين چيو ته ڪلاڪن جا ڪلاڪ بجلي بند رهڻ سبب زندگي مفلوج ٿي وئي آهي.

باقي صفحي تي

بقايا	43

لاڙڪاڻو ۾ ضلعي انتظاميه پاران صفائي مهم شروع ڪئي وئي آهي، جنهن تحت شهر جي مختلف علائقن مان ڪچرو کڻي صاف سٿرو ماحول فراهم ڪيو ويندو.

ميرپورخاص ۾ هارين زرعي پاڻي جي کوٽ خلاف مظاهرو ڪيو ۽ آبپاشي کاتي کان مطالبو ڪيو ته واهن ۾ پورو پاڻي ڇڏيو وڃي ته جيئن فصل تباهه ٿيڻ کان بچي سگهن.

لاڙڪاڻو ۾ ضلعي انتظاميه پاران صفائي مهم شروع ڪئي وئي آهي، جنهن تحت شهر جي مختلف علائقن مان ڪچرو کڻي صاف سٿرو ماحول فراهم ڪيو ويندو.

ميرپورخاص ۾ هارين زرعي پاڻي جي کوٽ خلاف مظاهرو ڪيو ۽ آبپاشي کاتي کان مطالبو ڪيو ته واهن ۾ پورو پاڻي ڇڏيو وڃي ته جيئن فصل تباهه ٿيڻ کان بچي سگهن.

لاڙڪاڻو ۾ ضلعي انتظاميه پاران صفائي مهم شروع ڪئي وئي آهي، جنهن تحت شهر جي مختلف علائقن مان ڪچرو کڻي صاف سٿرو ماحول فراهم ڪيو ويندو.

ميرپورخاص ۾ هارين زرعي پاڻي جي کوٽ خلاف مظاهرو ڪيو ۽ آبپاشي کاتي کان مطالبو ڪيو ته واهن ۾ پورو پاڻي ڇڏيو وڃي ته جيئن فصل تباهه ٿيڻ کان بچي سگهن.

باقي صفحي تي

بقايا	44

نوابشاهه ۾ ڪرڪيٽ ٽورنامينٽ جو فائنل مقابلو کيڏيو ويو، جنهن ۾ شهر جي مختلف ٽيمن حصو ورتو ۽ کٽندڙ ٽيم کي انعام ڏنا ويا، تقريب ۾ وڏي تعداد ۾ ماڻهن شرڪت ڪئي.

ٺٽو ۾ سمنڊ جي پاڻي جي چاڙهه سبب ساحلي علائقن جي ماڻهن کي مشڪلاتن کي منهن ڏيڻو پئجي رهيو آهي، مقامي ماڻهن حڪومت کان مدد جي اپيل ڪئي آهي.

نوابشاهه ۾ ڪرڪيٽ ٽورنامينٽ جو فائنل مقابلو کيڏيو ويو، جنهن ۾ شهر جي مختلف ٽيمن حصو ورتو ۽ کٽندڙ ٽيم کي انعام ڏنا ويا، تقريب ۾ وڏي تعداد ۾ ماڻهن شرڪت ڪئي.

ٺٽو ۾ سمنڊ جي پاڻي جي چاڙهه سبب ساحلي علائقن جي ماڻهن کي مشڪلاتن کي منهن ڏيڻو پئجي رهيو آهي، مقامي ماڻهن حڪومت کان مدد جي اپيل ڪئي آهي.

نوابشاهه ۾ ڪرڪيٽ ٽورنامينٽ جو فائنل مقابلو کيڏيو ويو، جنهن ۾ شهر جي مختلف ٽيمن حصو ورتو ۽ کٽندڙ ٽيم کي انعام ڏنا ويا، تقريب ۾ وڏي تعداد ۾ ماڻهن شرڪت ڪئي.

ٺٽو ۾ سمنڊ جي پاڻي جي چاڙهه سبب ساحلي علائقن جي ماڻهن کي مشڪلاتن کي منهن ڏيڻو پئجي رهيو آهي، مقامي ماڻهن حڪومت کان مدد جي اپيل ڪئي آهي.

باقي صفحي تي

بقايا	45

دادو ۾ صحت کاتي پاران پوليو مهم شروع ڪئي وئي، جنهن دوران پنجن سالن کان گهٽ عمر جي ٻارن کي پوليو کان بچاءُ جا ڦڙا پياريا ويندا.

دادو ۾ صحت کاتي پاران پوليو مهم شروع ڪئي وئي، جنهن دوران پنجن سالن کان گهٽ عمر جي ٻارن کي پوليو کان بچاءُ جا ڦڙا پياريا ويندا.

دادو ۾ صحت کاتي پاران پوليو مهم شروع ڪئي وئي، جنهن دوران پنجن سالن کان گهٽ عمر جي ٻارن کي پوليو کان بچاءُ جا ڦڙا پياريا ويندا.

باقي صفحي تي

ڪراچي (نيوز ڊيسڪ) صوبائي حڪومت پاران شهر جي ترقي لاءِ نوان منصوبا شروع ڪرڻ جو اعلان ڪيو ويو آهي، جنهن تحت روڊن، پاڻي ۽ نيڪال جي سهولتن کي بهتر بڻايو ويندو ۽ شهرين جي مسئلن جو حل ڪڍيو ويندو.

ڪراچي (نيوز ڊيسڪ) صوبائي حڪومت پاران شهر جي ترقي لاءِ نوان منصوبا شروع ڪرڻ جو اعلان ڪيو ويو آهي، جنهن تحت روڊن، پاڻي ۽ نيڪال جي سهولتن کي بهتر بڻايو ويندو ۽ شهرين جي مسئلن جو حل ڪڍيو ويندو.

ڪراچي (نيوز ڊيسڪ) صوبائي حڪومت پاران شهر جي ترقي لاءِ نوان منصوبا شروع ڪرڻ جو اعلان ڪيو ويو آهي، جنهن تحت روڊن، پاڻي ۽ نيڪال جي سهولتن کي بهتر بڻايو ويندو ۽ شهرين جي مسئلن جو حل ڪڍيو ويندو.

باقي صفحي تي

بقايا	46

حيدرآباد ۾ امن امان جي صورتحال بابت اجلاس منعقد ٿيو، جنهن ۾ پوليس ۽ انتظاميه جي عملدارن شرڪت ڪئي ۽ شهر ۾ ڏوهن جي روڪٿام لاءِ اهم فيصلا ڪيا ويا.

وزيراعليٰ سنڌ چيو آهي ته صوبي ۾ تعليم ۽ صحت جي شعبن کي ترجيح ڏني ويندي ۽ اسڪولن ۽ اسپتالن ۾ سهولتون مهيا ڪيون وينديون، عوام جي خدمت اسان جو فرض آهي.

حيدرآباد ۾ امن امان جي صورتحال بابت اجلاس منعقد ٿيو، جنهن ۾ پوليس ۽ انتظاميه جي عملدارن شرڪت ڪئي ۽ شهر ۾ ڏوهن جي روڪٿام لاءِ اهم فيصلا ڪيا ويا.

وزيراعليٰ سنڌ چيو آهي ته صوبي ۾ تعليم ۽ صحت جي شعبن کي ترجيح ڏني ويندي ۽ اسڪولن ۽ اسپتالن ۾ سهولتون مهيا ڪيون وينديون، عوام جي خدمت اسان جو فرض آهي.

حيدرآباد ۾ امن امان جي صورتحال بابت اجلاس منعقد ٿيو، جنهن ۾ پوليس ۽ انتظاميه جي عملدارن شرڪت ڪئي ۽ شهر ۾ ڏوهن جي روڪٿام لاءِ اهم فيصلا ڪيا ويا.

وزيراعليٰ سنڌ چيو آهي ته صوبي ۾ تعليم ۽ صحت جي شعبن کي ترجيح ڏني ويندي ۽ اسڪولن ۽ اسپتالن ۾ سهولتون مهيا ڪيون وينديون، عوام جي خدمت اسان جو فرض آهي.

باقي صفحي تي

بقايا	47

اسلام آباد ۾ قومي اسيمبلي جي اجلاس دوران مختلف بلن تي بحث ڪيو ويو ۽ ميمبرن ملڪ جي معاشي صورتحال بابت پنهنجا رايا ڏنا، اجلاس سومر تائين ملتوي ڪيو ويو.

سکر ۾ شهرين احتجاجي مظاهرو ڪيو ۽ مطالبو ڪيو ته علائقي ۾ بجلي ۽ گئس جي لوڊشيڊنگ ختم ڪئي وڃي، مظاهرين چيو ته ڪلاڪن جا ڪلاڪ بجلي بند رهڻ سبب زندگي مفلوج ٿي وئي آهي.

اسلام آباد ۾ قومي اسيمبلي جي اجلاس دوران مختلف بلن تي بحث ڪيو ويو ۽ ميمبرن ملڪ جي معاشي صورتحال بابت پنهنجا رايا ڏنا، اجلاس سومر تائين ملتوي ڪيو ويو.

سکر ۾ شهرين احتجاجي مظاهرو ڪيو ۽ مطالبو ڪيو ته علائقي ۾ بجلي ۽ گئس جي لوڊشيڊنگ ختم ڪئي وڃي، مظاهرين چيو ته ڪلاڪن جا ڪلاڪ بجلي بند رهڻ سبب زندگي مفلوج ٿي وئي آهي.

اسلام آباد ۾ قومي اسيمبلي جي اجلاس دوران مختلف بلن تي بحث ڪيو ويو ۽ ميمبرن ملڪ جي معاشي صورتحال بابت پنهنجا رايا ڏنا، اجلاس سومر تائين ملتوي ڪيو ويو.

سکر ۾ شهرين احتجاجي مظاهرو ڪيو ۽ مطالبو ڪيو ته علائقي ۾ بجلي ۽ گئس جي لوڊشيڊنگ ختم ڪئي وڃي، مظاهرين چيو ته ڪلاڪن جا ڪلاڪ بجلي بند رهڻ سبب زندگي مفلوج ٿي وئي آهي.

باقي صفحي تي

بقايا	48

لاڙڪاڻو ۾ ضلعي انتظاميه پاران صفائي مهم شروع ڪئي وئي آهي، جنهن تحت شهر جي مختلف علائقن مان ڪچرو کڻي صاف سٿرو ماحول فراهم ڪيو ويندو.

ميرپورخاص ۾ هارين زرعي پاڻي جي کوٽ خلاف مظاهرو ڪيو ۽ آبپاشي کاتي کان مطالبو ڪيو ته واهن ۾ پورو پاڻي ڇڏيو وڃي ته جيئن فصل تباهه ٿيڻ کان بچي سگهن.

نوابشاهه ۾ ڪرڪيٽ ٽورنامينٽ جو فائنل مقابلو کيڏيو ويو، جنهن ۾ شهر جي مختلف ٽيمن حصو ورتو ۽ کٽندڙ ٽيم کي انعام ڏنا ويا، تقريب ۾ وڏي تعداد ۾ ماڻهن شرڪت ڪئي.

لاڙڪاڻو ۾ ضلعي انتظاميه پاران صفائي مهم شروع ڪئي وئي آهي، جنهن تحت شهر جي مختلف علائقن مان ڪچرو کڻي صاف سٿرو ماحول فراهم ڪيو ويندو.

ميرپورخاص ۾ هارين زرعي پاڻي جي کوٽ خلاف مظاهرو ڪيو ۽ آبپاشي کاتي کان مطالبو ڪيو ته واهن ۾ پورو پاڻي ڇڏيو وڃي ته جيئن فصل تباهه ٿيڻ کان بچي سگهن.

نوابشاهه ۾ ڪرڪيٽ ٽورنامينٽ جو فائنل مقابلو کيڏيو ويو، جنهن ۾ شهر جي مختلف ٽيمن حصو ورتو ۽ کٽندڙ ٽيم کي انعام ڏنا ويا، تقريب ۾ وڏي تعداد ۾ ماڻهن شرڪت ڪئي.

لاڙڪاڻو ۾ ضلعي انتظاميه پاران صفائي مهم شروع ڪئي وئي آهي، جنهن تحت شهر جي مختلف علائقن مان ڪچرو کڻي صاف سٿرو ماحول فراهم ڪيو ويندو.

ميرپورخاص ۾ هارين زرعي پاڻي جي کوٽ خلاف مظاهرو ڪيو ۽ آبپاشي کاتي کان مطالبو ڪيو ته واهن ۾ پورو پاڻي ڇڏيو وڃي ته جيئن فصل تباهه ٿيڻ کان بچي سگهن.

نوابشاهه ۾ ڪرڪيٽ ٽورنامينٽ جو فائنل مقابلو کيڏيو ويو، جنهن ۾ شهر جي مختلف ٽيمن حصو ورتو ۽ کٽندڙ ٽيم کي انعام ڏنا ويا، تقريب ۾ وڏي تعداد ۾ ماڻهن شرڪت ڪئي.

باقي صفحي تي

بقايا	49

ٺٽو ۾ سمنڊ جي پاڻي جي چاڙهه سبب ساحلي علائقن جي ماڻهن کي مشڪلاتن کي منهن ڏيڻو پئجي رهيو آهي، مقامي ماڻهن حڪومت کان مدد جي اپيل ڪئي آهي.

دادو ۾ صحت کاتي پاران پوليو مهم شروع ڪئي وئي، جنهن دوران پنجن سالن کان گهٽ عمر جي ٻارن کي پوليو کان بچاءُ جا ڦڙا پياريا ويندا.

ٺٽو ۾ سمنڊ جي پاڻي جي چاڙهه سبب ساحلي علائقن جي ماڻهن کي مشڪلاتن کي منهن ڏيڻو پئجي رهيو آهي، مقامي ماڻهن حڪومت کان مدد جي اپيل ڪئي آهي.

دادو ۾ صحت کاتي پاران پوليو مهم شروع ڪئي وئي، جنهن دوران پنجن سالن کان گهٽ عمر جي ٻارن کي پوليو کان بچاءُ جا ڦڙا پياريا ويندا.

ٺٽو ۾ سمنڊ جي پاڻي جي چاڙهه سبب ساحلي علائقن جي ماڻهن کي مشڪلاتن کي منهن ڏيڻو پئجي رهيو آهي، مقامي ماڻهن حڪومت کان مدد جي اپيل ڪئي آهي.

دادو ۾ صحت کاتي پاران پوليو مهم شروع ڪئي وئي، جنهن دوران پنجن سالن کان گهٽ عمر جي ٻارن کي پوليو کان بچاءُ جا ڦڙا پياريا ويندا.

باقي صفحي تي

بقايا	50

ڪراچي (نيوز ڊيسڪ) صوبائي حڪومت پاران شهر جي ترقي لاءِ نوان منصوبا شروع ڪرڻ جو اعلان ڪيو ويو آهي، جنهن تحت روڊن، پاڻي ۽ نيڪال جي سهولتن کي بهتر بڻايو ويندو ۽ شهرين جي مسئلن جو حل ڪڍيو ويندو.

حيدرآباد ۾ امن امان جي صورتحال بابت اجلاس منعقد ٿيو، جنهن ۾ پوليس ۽ انتظاميه جي عملدارن شرڪت ڪئي ۽ شهر ۾ ڏوهن جي روڪٿام لاءِ اهم فيصلا ڪيا ويا.

ڪراچي (نيوز ڊيسڪ) صوبائي حڪومت پاران شهر جي ترقي لاءِ نوان منصوبا شروع ڪرڻ جو اعلان ڪيو ويو آهي، جنهن تحت روڊن، پاڻي ۽ نيڪال جي سهولتن کي بهتر بڻايو ويندو ۽ شهرين جي مسئلن جو حل ڪڍيو ويندو.

حيدرآباد ۾ امن امان جي صورتحال بابت اجلاس منعقد ٿيو، جنهن ۾ پوليس ۽ انتظاميه جي عملدارن شرڪت ڪئي ۽ شهر ۾ ڏوهن جي روڪٿام لاءِ اهم فيصلا ڪيا ويا.

ڪراچي (نيوز ڊيسڪ) صوبائي حڪومت پاران شهر جي ترقي لاءِ نوان منصوبا شروع ڪرڻ جو اعلان ڪيو ويو آهي، جنهن تحت روڊن، پاڻي ۽ نيڪال جي سهولتن کي بهتر بڻايو ويندو ۽ شهرين جي مسئلن جو حل ڪڍيو ويندو.

حيدرآباد ۾ امن امان جي صورتحال بابت اجلاس منعقد ٿيو، جنهن ۾ پوليس ۽ انتظاميه جي عملدارن شرڪت ڪئي ۽ شهر ۾ ڏوهن جي روڪٿام لاءِ اهم فيصلا ڪيا ويا.

باقي صفحي تي

بقايا	51

وزيراعليٰ سنڌ چيو آهي ته صوبي ۾ تعليم ۽ صحت جي شعبن کي ترجيح ڏني ويندي ۽ اسڪولن ۽ اسپتالن ۾ سهولتون مهيا ڪيون وينديون، عوام جي خدمت اسان جو فرض آهي.

اسلام آباد ۾ قومي اسيمبلي جي اجلاس دوران مختلف بلن تي بحث ڪيو ويو ۽ ميمبرن ملڪ جي معاشي صورتحال بابت پنهنجا رايا ڏنا، اجلاس سومر تائين ملتوي ڪيو ويو.

وزيراعليٰ سنڌ چيو آهي ته صوبي ۾ تعليم ۽ صحت جي شعبن کي ترجيح ڏني ويندي ۽ اسڪولن ۽ اسپتالن ۾ سهولتون مهيا ڪيون وينديون، عوام جي خدمت اسان جو فرض آهي.

اسلام آباد ۾ قومي اسيمبلي جي اجلاس دوران مختلف بلن تي بحث ڪيو ويو ۽ ميمبرن ملڪ جي معاشي صورتحال بابت پنهنجا رايا ڏنا، اجلاس سومر تائين ملتوي ڪيو ويو.

وزيراعليٰ سنڌ چيو آهي ته صوبي ۾ تعليم ۽ صحت جي شعبن کي ترجيح ڏني ويندي ۽ اسڪولن ۽ اسپتالن ۾ سهولتون مهيا ڪيون وينديون، عوام جي خدمت اسان جو فرض آهي.

اسلام آباد ۾ قومي اسيمبلي جي اجلاس دوران مختلف بلن تي بحث ڪيو ويو ۽ ميمبرن ملڪ جي معاشي صورتحال بابت پنهنجا رايا ڏنا، اجلاس سومر تائين ملتوي ڪيو ويو.

باقي صفحي تي

بقايا	52

سکر ۾ شهرين احتجاجي مظاهرو ڪيو ۽ مطالبو ڪيو ته علائقي ۾ بجلي ۽ گئس جي لوڊشيڊنگ ختم ڪئي وڃي، مظاهرين چيو ته ڪلاڪن جا ڪلاڪ بجلي بند رهڻ سبب زندگي مفلوج ٿي وئي آهي.

سکر ۾ شهرين احتجاجي مظاهرو ڪيو ۽ مطالبو ڪيو ته علائقي ۾ بجلي ۽ گئس جي لوڊشيڊنگ ختم ڪئي وڃي، مظاهرين چيو ته ڪلاڪن جا ڪلاڪ بجلي بند رهڻ سبب زندگي مفلوج ٿي وئي آهي.

سکر ۾ شهرين احتجاجي مظاهرو ڪيو ۽ مطالبو ڪيو ته علائقي ۾ بجلي ۽ گئس جي لوڊشيڊنگ ختم ڪئي وڃي، مظاهرين چيو ته ڪلاڪن جا ڪلاڪ بجلي بند رهڻ سبب زندگي مفلوج ٿي وئي آهي.

باقي صفحي تي
